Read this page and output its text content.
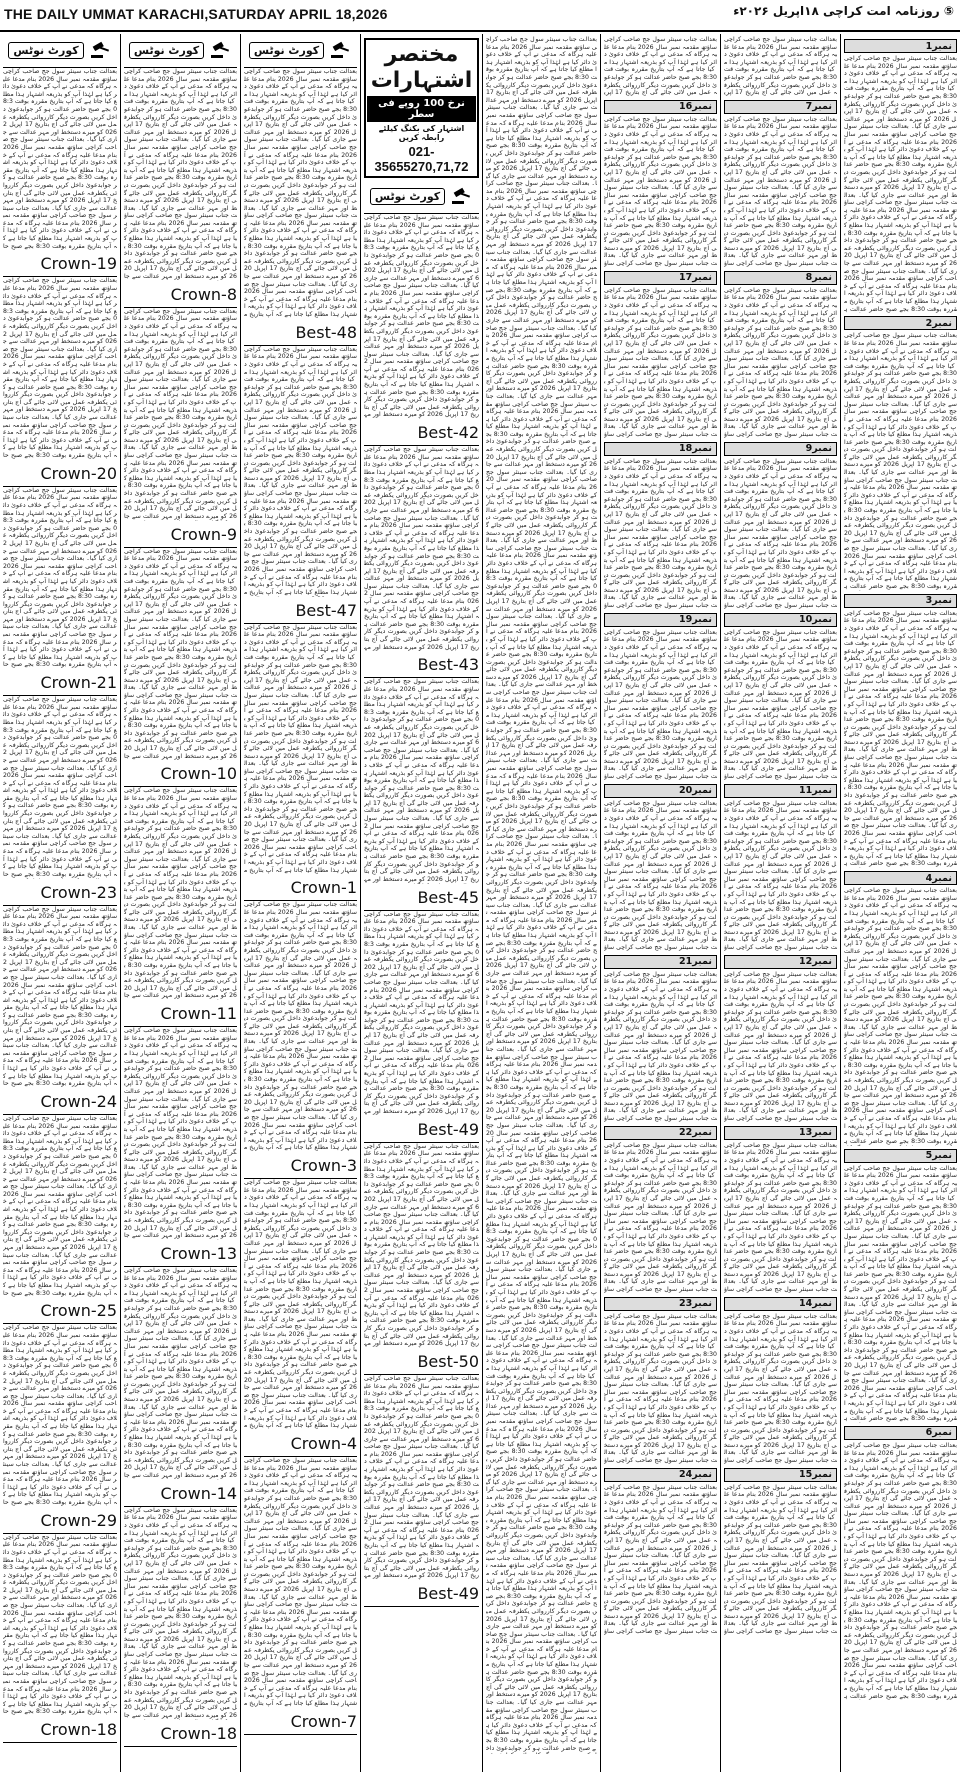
THE DAILY UMMAT KARACHI,SATURDAY APRIL 18,2026	⑤ روزنامہ امت کراچی ۱۸اپریل ۲۰۲۶ء
کورٹ نوٹس
بعدالت جناب سینئر سول جج صاحب کراچی ساؤتھ مقدمہ نمبر سال 2026 بنام مدعا علیہ ہرگاہ کہ مدعی نے آپ کے خلاف دعویٰ دائر کیا ہے لہٰذا آپ کو بذریعہ اشتہار ہذا مطلع کیا جاتا ہے کہ آپ بتاریخ مقررہ بوقت 8:30 بجے صبح حاضر عدالت ہو کر جوابدعویٰ داخل کریں بصورت دیگر کارروائی یکطرفہ عمل میں لائی جائے گی آج بتاریخ 17 اپریل 2026 کو میرے دستخط اور مہر عدالت سے جاری کیا گیا۔ بعدالت جناب سینئر سول جج صاحب کراچی ساؤتھ مقدمہ نمبر سال 2026 بنام مدعا علیہ ہرگاہ کہ مدعی نے آپ کے خلاف دعویٰ دائر کیا ہے لہٰذا آپ کو بذریعہ اشتہار ہذا مطلع کیا جاتا ہے کہ آپ بتاریخ مقررہ بوقت 8:30 بجے صبح حاضر عدالت ہو کر جوابدعویٰ داخل کریں بصورت دیگر کارروائی یکطرفہ عمل میں لائی جائے گی آج بتاریخ 17 اپریل 2026 کو میرے دستخط اور مہر عدالت سے جاری کیا گیا۔ بعدالت جناب سینئر سول جج صاحب کراچی ساؤتھ مقدمہ نمبر سال 2026 بنام مدعا علیہ ہرگاہ کہ مدعی نے آپ کے خلاف دعویٰ دائر کیا ہے لہٰذا آپ کو بذریعہ اشتہار ہذا مطلع کیا جاتا ہے کہ آپ بتاریخ مقررہ بوقت 8:30 بجے صبح حا
Crown-19
بعدالت جناب سینئر سول جج صاحب کراچی ساؤتھ مقدمہ نمبر سال 2026 بنام مدعا علیہ ہرگاہ کہ مدعی نے آپ کے خلاف دعویٰ دائر کیا ہے لہٰذا آپ کو بذریعہ اشتہار ہذا مطلع کیا جاتا ہے کہ آپ بتاریخ مقررہ بوقت 8:30 بجے صبح حاضر عدالت ہو کر جوابدعویٰ داخل کریں بصورت دیگر کارروائی یکطرفہ عمل میں لائی جائے گی آج بتاریخ 17 اپریل 2026 کو میرے دستخط اور مہر عدالت سے جاری کیا گیا۔ بعدالت جناب سینئر سول جج صاحب کراچی ساؤتھ مقدمہ نمبر سال 2026 بنام مدعا علیہ ہرگاہ کہ مدعی نے آپ کے خلاف دعویٰ دائر کیا ہے لہٰذا آپ کو بذریعہ اشتہار ہذا مطلع کیا جاتا ہے کہ آپ بتاریخ مقررہ بوقت 8:30 بجے صبح حاضر عدالت ہو کر جوابدعویٰ داخل کریں بصورت دیگر کارروائی یکطرفہ عمل میں لائی جائے گی آج بتاریخ 17 اپریل 2026 کو میرے دستخط اور مہر عدالت سے جاری کیا گیا۔ بعدالت جناب سینئر سول جج صاحب کراچی ساؤتھ مقدمہ نمبر سال 2026 بنام مدعا علیہ ہرگاہ کہ مدعی نے آپ کے خلاف دعویٰ دائر کیا ہے لہٰذا آپ کو بذریعہ اشتہار ہذا مطلع کیا جاتا ہے کہ آپ بتاریخ مقررہ بوقت 8:30 بجے صبح حا
Crown-20
بعدالت جناب سینئر سول جج صاحب کراچی ساؤتھ مقدمہ نمبر سال 2026 بنام مدعا علیہ ہرگاہ کہ مدعی نے آپ کے خلاف دعویٰ دائر کیا ہے لہٰذا آپ کو بذریعہ اشتہار ہذا مطلع کیا جاتا ہے کہ آپ بتاریخ مقررہ بوقت 8:30 بجے صبح حاضر عدالت ہو کر جوابدعویٰ داخل کریں بصورت دیگر کارروائی یکطرفہ عمل میں لائی جائے گی آج بتاریخ 17 اپریل 2026 کو میرے دستخط اور مہر عدالت سے جاری کیا گیا۔ بعدالت جناب سینئر سول جج صاحب کراچی ساؤتھ مقدمہ نمبر سال 2026 بنام مدعا علیہ ہرگاہ کہ مدعی نے آپ کے خلاف دعویٰ دائر کیا ہے لہٰذا آپ کو بذریعہ اشتہار ہذا مطلع کیا جاتا ہے کہ آپ بتاریخ مقررہ بوقت 8:30 بجے صبح حاضر عدالت ہو کر جوابدعویٰ داخل کریں بصورت دیگر کارروائی یکطرفہ عمل میں لائی جائے گی آج بتاریخ 17 اپریل 2026 کو میرے دستخط اور مہر عدالت سے جاری کیا گیا۔ بعدالت جناب سینئر سول جج صاحب کراچی ساؤتھ مقدمہ نمبر سال 2026 بنام مدعا علیہ ہرگاہ کہ مدعی نے آپ کے خلاف دعویٰ دائر کیا ہے لہٰذا آپ کو بذریعہ اشتہار ہذا مطلع کیا جاتا ہے کہ آپ بتاریخ مقررہ بوقت 8:30 بجے صبح حا
Crown-21
بعدالت جناب سینئر سول جج صاحب کراچی ساؤتھ مقدمہ نمبر سال 2026 بنام مدعا علیہ ہرگاہ کہ مدعی نے آپ کے خلاف دعویٰ دائر کیا ہے لہٰذا آپ کو بذریعہ اشتہار ہذا مطلع کیا جاتا ہے کہ آپ بتاریخ مقررہ بوقت 8:30 بجے صبح حاضر عدالت ہو کر جوابدعویٰ داخل کریں بصورت دیگر کارروائی یکطرفہ عمل میں لائی جائے گی آج بتاریخ 17 اپریل 2026 کو میرے دستخط اور مہر عدالت سے جاری کیا گیا۔ بعدالت جناب سینئر سول جج صاحب کراچی ساؤتھ مقدمہ نمبر سال 2026 بنام مدعا علیہ ہرگاہ کہ مدعی نے آپ کے خلاف دعویٰ دائر کیا ہے لہٰذا آپ کو بذریعہ اشتہار ہذا مطلع کیا جاتا ہے کہ آپ بتاریخ مقررہ بوقت 8:30 بجے صبح حاضر عدالت ہو کر جوابدعویٰ داخل کریں بصورت دیگر کارروائی یکطرفہ عمل میں لائی جائے گی آج بتاریخ 17 اپریل 2026 کو میرے دستخط اور مہر عدالت سے جاری کیا گیا۔ بعدالت جناب سینئر سول جج صاحب کراچی ساؤتھ مقدمہ نمبر سال 2026 بنام مدعا علیہ ہرگاہ کہ مدعی نے آپ کے خلاف دعویٰ دائر کیا ہے لہٰذا آپ کو بذریعہ اشتہار ہذا مطلع کیا جاتا ہے کہ آپ بتاریخ مقررہ بوقت 8:30 بجے صبح حا
Crown-23
بعدالت جناب سینئر سول جج صاحب کراچی ساؤتھ مقدمہ نمبر سال 2026 بنام مدعا علیہ ہرگاہ کہ مدعی نے آپ کے خلاف دعویٰ دائر کیا ہے لہٰذا آپ کو بذریعہ اشتہار ہذا مطلع کیا جاتا ہے کہ آپ بتاریخ مقررہ بوقت 8:30 بجے صبح حاضر عدالت ہو کر جوابدعویٰ داخل کریں بصورت دیگر کارروائی یکطرفہ عمل میں لائی جائے گی آج بتاریخ 17 اپریل 2026 کو میرے دستخط اور مہر عدالت سے جاری کیا گیا۔ بعدالت جناب سینئر سول جج صاحب کراچی ساؤتھ مقدمہ نمبر سال 2026 بنام مدعا علیہ ہرگاہ کہ مدعی نے آپ کے خلاف دعویٰ دائر کیا ہے لہٰذا آپ کو بذریعہ اشتہار ہذا مطلع کیا جاتا ہے کہ آپ بتاریخ مقررہ بوقت 8:30 بجے صبح حاضر عدالت ہو کر جوابدعویٰ داخل کریں بصورت دیگر کارروائی یکطرفہ عمل میں لائی جائے گی آج بتاریخ 17 اپریل 2026 کو میرے دستخط اور مہر عدالت سے جاری کیا گیا۔ بعدالت جناب سینئر سول جج صاحب کراچی ساؤتھ مقدمہ نمبر سال 2026 بنام مدعا علیہ ہرگاہ کہ مدعی نے آپ کے خلاف دعویٰ دائر کیا ہے لہٰذا آپ کو بذریعہ اشتہار ہذا مطلع کیا جاتا ہے کہ آپ بتاریخ مقررہ بوقت 8:30 بجے صبح حا
Crown-24
بعدالت جناب سینئر سول جج صاحب کراچی ساؤتھ مقدمہ نمبر سال 2026 بنام مدعا علیہ ہرگاہ کہ مدعی نے آپ کے خلاف دعویٰ دائر کیا ہے لہٰذا آپ کو بذریعہ اشتہار ہذا مطلع کیا جاتا ہے کہ آپ بتاریخ مقررہ بوقت 8:30 بجے صبح حاضر عدالت ہو کر جوابدعویٰ داخل کریں بصورت دیگر کارروائی یکطرفہ عمل میں لائی جائے گی آج بتاریخ 17 اپریل 2026 کو میرے دستخط اور مہر عدالت سے جاری کیا گیا۔ بعدالت جناب سینئر سول جج صاحب کراچی ساؤتھ مقدمہ نمبر سال 2026 بنام مدعا علیہ ہرگاہ کہ مدعی نے آپ کے خلاف دعویٰ دائر کیا ہے لہٰذا آپ کو بذریعہ اشتہار ہذا مطلع کیا جاتا ہے کہ آپ بتاریخ مقررہ بوقت 8:30 بجے صبح حاضر عدالت ہو کر جوابدعویٰ داخل کریں بصورت دیگر کارروائی یکطرفہ عمل میں لائی جائے گی آج بتاریخ 17 اپریل 2026 کو میرے دستخط اور مہر عدالت سے جاری کیا گیا۔ بعدالت جناب سینئر سول جج صاحب کراچی ساؤتھ مقدمہ نمبر سال 2026 بنام مدعا علیہ ہرگاہ کہ مدعی نے آپ کے خلاف دعویٰ دائر کیا ہے لہٰذا آپ کو بذریعہ اشتہار ہذا مطلع کیا جاتا ہے کہ آپ بتاریخ مقررہ بوقت 8:30 بجے صبح حا
Crown-25
بعدالت جناب سینئر سول جج صاحب کراچی ساؤتھ مقدمہ نمبر سال 2026 بنام مدعا علیہ ہرگاہ کہ مدعی نے آپ کے خلاف دعویٰ دائر کیا ہے لہٰذا آپ کو بذریعہ اشتہار ہذا مطلع کیا جاتا ہے کہ آپ بتاریخ مقررہ بوقت 8:30 بجے صبح حاضر عدالت ہو کر جوابدعویٰ داخل کریں بصورت دیگر کارروائی یکطرفہ عمل میں لائی جائے گی آج بتاریخ 17 اپریل 2026 کو میرے دستخط اور مہر عدالت سے جاری کیا گیا۔ بعدالت جناب سینئر سول جج صاحب کراچی ساؤتھ مقدمہ نمبر سال 2026 بنام مدعا علیہ ہرگاہ کہ مدعی نے آپ کے خلاف دعویٰ دائر کیا ہے لہٰذا آپ کو بذریعہ اشتہار ہذا مطلع کیا جاتا ہے کہ آپ بتاریخ مقررہ بوقت 8:30 بجے صبح حاضر عدالت ہو کر جوابدعویٰ داخل کریں بصورت دیگر کارروائی یکطرفہ عمل میں لائی جائے گی آج بتاریخ 17 اپریل 2026 کو میرے دستخط اور مہر عدالت سے جاری کیا گیا۔ بعدالت جناب سینئر سول جج صاحب کراچی ساؤتھ مقدمہ نمبر سال 2026 بنام مدعا علیہ ہرگاہ کہ مدعی نے آپ کے خلاف دعویٰ دائر کیا ہے لہٰذا آپ کو بذریعہ اشتہار ہذا مطلع کیا جاتا ہے کہ آپ بتاریخ مقررہ بوقت 8:30 بجے صبح حا
Crown-29
بعدالت جناب سینئر سول جج صاحب کراچی ساؤتھ مقدمہ نمبر سال 2026 بنام مدعا علیہ ہرگاہ کہ مدعی نے آپ کے خلاف دعویٰ دائر کیا ہے لہٰذا آپ کو بذریعہ اشتہار ہذا مطلع کیا جاتا ہے کہ آپ بتاریخ مقررہ بوقت 8:30 بجے صبح حاضر عدالت ہو کر جوابدعویٰ داخل کریں بصورت دیگر کارروائی یکطرفہ عمل میں لائی جائے گی آج بتاریخ 17 اپریل 2026 کو میرے دستخط اور مہر عدالت سے جاری کیا گیا۔ بعدالت جناب سینئر سول جج صاحب کراچی ساؤتھ مقدمہ نمبر سال 2026 بنام مدعا علیہ ہرگاہ کہ مدعی نے آپ کے خلاف دعویٰ دائر کیا ہے لہٰذا آپ کو بذریعہ اشتہار ہذا مطلع کیا جاتا ہے کہ آپ بتاریخ مقررہ بوقت 8:30 بجے صبح حاضر عدالت ہو کر جوابدعویٰ داخل کریں بصورت دیگر کارروائی یکطرفہ عمل میں لائی جائے گی آج بتاریخ 17 اپریل 2026 کو میرے دستخط اور مہر عدالت سے جاری کیا گیا۔ بعدالت جناب سینئر سول جج صاحب کراچی ساؤتھ مقدمہ نمبر سال 2026 بنام مدعا علیہ ہرگاہ کہ مدعی نے آپ کے خلاف دعویٰ دائر کیا ہے لہٰذا آپ کو بذریعہ اشتہار ہذا مطلع کیا جاتا ہے کہ آپ بتاریخ مقررہ بوقت 8:30 بجے صبح حا
Crown-18
کورٹ نوٹس
بعدالت جناب سینئر سول جج صاحب کراچی ساؤتھ مقدمہ نمبر سال 2026 بنام مدعا علیہ ہرگاہ کہ مدعی نے آپ کے خلاف دعویٰ دائر کیا ہے لہٰذا آپ کو بذریعہ اشتہار ہذا مطلع کیا جاتا ہے کہ آپ بتاریخ مقررہ بوقت 8:30 بجے صبح حاضر عدالت ہو کر جوابدعویٰ داخل کریں بصورت دیگر کارروائی یکطرفہ عمل میں لائی جائے گی آج بتاریخ 17 اپریل 2026 کو میرے دستخط اور مہر عدالت سے جاری کیا گیا۔ بعدالت جناب سینئر سول جج صاحب کراچی ساؤتھ مقدمہ نمبر سال 2026 بنام مدعا علیہ ہرگاہ کہ مدعی نے آپ کے خلاف دعویٰ دائر کیا ہے لہٰذا آپ کو بذریعہ اشتہار ہذا مطلع کیا جاتا ہے کہ آپ بتاریخ مقررہ بوقت 8:30 بجے صبح حاضر عدالت ہو کر جوابدعویٰ داخل کریں بصورت دیگر کارروائی یکطرفہ عمل میں لائی جائے گی آج بتاریخ 17 اپریل 2026 کو میرے دستخط اور مہر عدالت سے جاری کیا گیا۔ بعدالت جناب سینئر سول جج صاحب کراچی ساؤتھ مقدمہ نمبر سال 2026 بنام مدعا علیہ ہرگاہ کہ مدعی نے آپ کے خلاف دعویٰ دائر کیا ہے لہٰذا آپ کو بذریعہ اشتہار ہذا مطلع کیا جاتا ہے کہ آپ بتاریخ مقررہ بوقت 8:30 بجے صبح حاضر عدالت ہو کر جوابدعویٰ داخل کریں بصورت دیگر کارروائی یکطرفہ عمل میں لائی جائے گی آج بتاریخ 17 اپریل 2026 کو میرے دستخط اور مہر عدالت سے جا
Crown-8
بعدالت جناب سینئر سول جج صاحب کراچی ساؤتھ مقدمہ نمبر سال 2026 بنام مدعا علیہ ہرگاہ کہ مدعی نے آپ کے خلاف دعویٰ دائر کیا ہے لہٰذا آپ کو بذریعہ اشتہار ہذا مطلع کیا جاتا ہے کہ آپ بتاریخ مقررہ بوقت 8:30 بجے صبح حاضر عدالت ہو کر جوابدعویٰ داخل کریں بصورت دیگر کارروائی یکطرفہ عمل میں لائی جائے گی آج بتاریخ 17 اپریل 2026 کو میرے دستخط اور مہر عدالت سے جاری کیا گیا۔ بعدالت جناب سینئر سول جج صاحب کراچی ساؤتھ مقدمہ نمبر سال 2026 بنام مدعا علیہ ہرگاہ کہ مدعی نے آپ کے خلاف دعویٰ دائر کیا ہے لہٰذا آپ کو بذریعہ اشتہار ہذا مطلع کیا جاتا ہے کہ آپ بتاریخ مقررہ بوقت 8:30 بجے صبح حاضر عدالت ہو کر جوابدعویٰ داخل کریں بصورت دیگر کارروائی یکطرفہ عمل میں لائی جائے گی آج بتاریخ 17 اپریل 2026 کو میرے دستخط اور مہر عدالت سے جاری کیا گیا۔ بعدالت جناب سینئر سول جج صاحب کراچی ساؤتھ مقدمہ نمبر سال 2026 بنام مدعا علیہ ہرگاہ کہ مدعی نے آپ کے خلاف دعویٰ دائر کیا ہے لہٰذا آپ کو بذریعہ اشتہار ہذا مطلع کیا جاتا ہے کہ آپ بتاریخ مقررہ بوقت 8:30 بجے صبح حاضر عدالت ہو کر جوابدعویٰ داخل کریں بصورت دیگر کارروائی یکطرفہ عمل میں لائی جائے گی آج بتاریخ 17 اپریل 2026 کو میرے دستخط اور مہر عدالت سے جا
Crown-9
بعدالت جناب سینئر سول جج صاحب کراچی ساؤتھ مقدمہ نمبر سال 2026 بنام مدعا علیہ ہرگاہ کہ مدعی نے آپ کے خلاف دعویٰ دائر کیا ہے لہٰذا آپ کو بذریعہ اشتہار ہذا مطلع کیا جاتا ہے کہ آپ بتاریخ مقررہ بوقت 8:30 بجے صبح حاضر عدالت ہو کر جوابدعویٰ داخل کریں بصورت دیگر کارروائی یکطرفہ عمل میں لائی جائے گی آج بتاریخ 17 اپریل 2026 کو میرے دستخط اور مہر عدالت سے جاری کیا گیا۔ بعدالت جناب سینئر سول جج صاحب کراچی ساؤتھ مقدمہ نمبر سال 2026 بنام مدعا علیہ ہرگاہ کہ مدعی نے آپ کے خلاف دعویٰ دائر کیا ہے لہٰذا آپ کو بذریعہ اشتہار ہذا مطلع کیا جاتا ہے کہ آپ بتاریخ مقررہ بوقت 8:30 بجے صبح حاضر عدالت ہو کر جوابدعویٰ داخل کریں بصورت دیگر کارروائی یکطرفہ عمل میں لائی جائے گی آج بتاریخ 17 اپریل 2026 کو میرے دستخط اور مہر عدالت سے جاری کیا گیا۔ بعدالت جناب سینئر سول جج صاحب کراچی ساؤتھ مقدمہ نمبر سال 2026 بنام مدعا علیہ ہرگاہ کہ مدعی نے آپ کے خلاف دعویٰ دائر کیا ہے لہٰذا آپ کو بذریعہ اشتہار ہذا مطلع کیا جاتا ہے کہ آپ بتاریخ مقررہ بوقت 8:30 بجے صبح حاضر عدالت ہو کر جوابدعویٰ داخل کریں بصورت دیگر کارروائی یکطرفہ عمل میں لائی جائے گی آج بتاریخ 17 اپریل 2026 کو میرے دستخط اور مہر عدالت سے جا
Crown-10
بعدالت جناب سینئر سول جج صاحب کراچی ساؤتھ مقدمہ نمبر سال 2026 بنام مدعا علیہ ہرگاہ کہ مدعی نے آپ کے خلاف دعویٰ دائر کیا ہے لہٰذا آپ کو بذریعہ اشتہار ہذا مطلع کیا جاتا ہے کہ آپ بتاریخ مقررہ بوقت 8:30 بجے صبح حاضر عدالت ہو کر جوابدعویٰ داخل کریں بصورت دیگر کارروائی یکطرفہ عمل میں لائی جائے گی آج بتاریخ 17 اپریل 2026 کو میرے دستخط اور مہر عدالت سے جاری کیا گیا۔ بعدالت جناب سینئر سول جج صاحب کراچی ساؤتھ مقدمہ نمبر سال 2026 بنام مدعا علیہ ہرگاہ کہ مدعی نے آپ کے خلاف دعویٰ دائر کیا ہے لہٰذا آپ کو بذریعہ اشتہار ہذا مطلع کیا جاتا ہے کہ آپ بتاریخ مقررہ بوقت 8:30 بجے صبح حاضر عدالت ہو کر جوابدعویٰ داخل کریں بصورت دیگر کارروائی یکطرفہ عمل میں لائی جائے گی آج بتاریخ 17 اپریل 2026 کو میرے دستخط اور مہر عدالت سے جاری کیا گیا۔ بعدالت جناب سینئر سول جج صاحب کراچی ساؤتھ مقدمہ نمبر سال 2026 بنام مدعا علیہ ہرگاہ کہ مدعی نے آپ کے خلاف دعویٰ دائر کیا ہے لہٰذا آپ کو بذریعہ اشتہار ہذا مطلع کیا جاتا ہے کہ آپ بتاریخ مقررہ بوقت 8:30 بجے صبح حاضر عدالت ہو کر جوابدعویٰ داخل کریں بصورت دیگر کارروائی یکطرفہ عمل میں لائی جائے گی آج بتاریخ 17 اپریل 2026 کو میرے دستخط اور مہر عدالت سے جا
Crown-11
بعدالت جناب سینئر سول جج صاحب کراچی ساؤتھ مقدمہ نمبر سال 2026 بنام مدعا علیہ ہرگاہ کہ مدعی نے آپ کے خلاف دعویٰ دائر کیا ہے لہٰذا آپ کو بذریعہ اشتہار ہذا مطلع کیا جاتا ہے کہ آپ بتاریخ مقررہ بوقت 8:30 بجے صبح حاضر عدالت ہو کر جوابدعویٰ داخل کریں بصورت دیگر کارروائی یکطرفہ عمل میں لائی جائے گی آج بتاریخ 17 اپریل 2026 کو میرے دستخط اور مہر عدالت سے جاری کیا گیا۔ بعدالت جناب سینئر سول جج صاحب کراچی ساؤتھ مقدمہ نمبر سال 2026 بنام مدعا علیہ ہرگاہ کہ مدعی نے آپ کے خلاف دعویٰ دائر کیا ہے لہٰذا آپ کو بذریعہ اشتہار ہذا مطلع کیا جاتا ہے کہ آپ بتاریخ مقررہ بوقت 8:30 بجے صبح حاضر عدالت ہو کر جوابدعویٰ داخل کریں بصورت دیگر کارروائی یکطرفہ عمل میں لائی جائے گی آج بتاریخ 17 اپریل 2026 کو میرے دستخط اور مہر عدالت سے جاری کیا گیا۔ بعدالت جناب سینئر سول جج صاحب کراچی ساؤتھ مقدمہ نمبر سال 2026 بنام مدعا علیہ ہرگاہ کہ مدعی نے آپ کے خلاف دعویٰ دائر کیا ہے لہٰذا آپ کو بذریعہ اشتہار ہذا مطلع کیا جاتا ہے کہ آپ بتاریخ مقررہ بوقت 8:30 بجے صبح حاضر عدالت ہو کر جوابدعویٰ داخل کریں بصورت دیگر کارروائی یکطرفہ عمل میں لائی جائے گی آج بتاریخ 17 اپریل 2026 کو میرے دستخط اور مہر عدالت سے جا
Crown-13
بعدالت جناب سینئر سول جج صاحب کراچی ساؤتھ مقدمہ نمبر سال 2026 بنام مدعا علیہ ہرگاہ کہ مدعی نے آپ کے خلاف دعویٰ دائر کیا ہے لہٰذا آپ کو بذریعہ اشتہار ہذا مطلع کیا جاتا ہے کہ آپ بتاریخ مقررہ بوقت 8:30 بجے صبح حاضر عدالت ہو کر جوابدعویٰ داخل کریں بصورت دیگر کارروائی یکطرفہ عمل میں لائی جائے گی آج بتاریخ 17 اپریل 2026 کو میرے دستخط اور مہر عدالت سے جاری کیا گیا۔ بعدالت جناب سینئر سول جج صاحب کراچی ساؤتھ مقدمہ نمبر سال 2026 بنام مدعا علیہ ہرگاہ کہ مدعی نے آپ کے خلاف دعویٰ دائر کیا ہے لہٰذا آپ کو بذریعہ اشتہار ہذا مطلع کیا جاتا ہے کہ آپ بتاریخ مقررہ بوقت 8:30 بجے صبح حاضر عدالت ہو کر جوابدعویٰ داخل کریں بصورت دیگر کارروائی یکطرفہ عمل میں لائی جائے گی آج بتاریخ 17 اپریل 2026 کو میرے دستخط اور مہر عدالت سے جاری کیا گیا۔ بعدالت جناب سینئر سول جج صاحب کراچی ساؤتھ مقدمہ نمبر سال 2026 بنام مدعا علیہ ہرگاہ کہ مدعی نے آپ کے خلاف دعویٰ دائر کیا ہے لہٰذا آپ کو بذریعہ اشتہار ہذا مطلع کیا جاتا ہے کہ آپ بتاریخ مقررہ بوقت 8:30 بجے صبح حاضر عدالت ہو کر جوابدعویٰ داخل کریں بصورت دیگر کارروائی یکطرفہ عمل میں لائی جائے گی آج بتاریخ 17 اپریل 2026 کو میرے دستخط اور مہر عدالت سے جا
Crown-14
بعدالت جناب سینئر سول جج صاحب کراچی ساؤتھ مقدمہ نمبر سال 2026 بنام مدعا علیہ ہرگاہ کہ مدعی نے آپ کے خلاف دعویٰ دائر کیا ہے لہٰذا آپ کو بذریعہ اشتہار ہذا مطلع کیا جاتا ہے کہ آپ بتاریخ مقررہ بوقت 8:30 بجے صبح حاضر عدالت ہو کر جوابدعویٰ داخل کریں بصورت دیگر کارروائی یکطرفہ عمل میں لائی جائے گی آج بتاریخ 17 اپریل 2026 کو میرے دستخط اور مہر عدالت سے جاری کیا گیا۔ بعدالت جناب سینئر سول جج صاحب کراچی ساؤتھ مقدمہ نمبر سال 2026 بنام مدعا علیہ ہرگاہ کہ مدعی نے آپ کے خلاف دعویٰ دائر کیا ہے لہٰذا آپ کو بذریعہ اشتہار ہذا مطلع کیا جاتا ہے کہ آپ بتاریخ مقررہ بوقت 8:30 بجے صبح حاضر عدالت ہو کر جوابدعویٰ داخل کریں بصورت دیگر کارروائی یکطرفہ عمل میں لائی جائے گی آج بتاریخ 17 اپریل 2026 کو میرے دستخط اور مہر عدالت سے جاری کیا گیا۔ بعدالت جناب سینئر سول جج صاحب کراچی ساؤتھ مقدمہ نمبر سال 2026 بنام مدعا علیہ ہرگاہ کہ مدعی نے آپ کے خلاف دعویٰ دائر کیا ہے لہٰذا آپ کو بذریعہ اشتہار ہذا مطلع کیا جاتا ہے کہ آپ بتاریخ مقررہ بوقت 8:30 بجے صبح حاضر عدالت ہو کر جوابدعویٰ داخل کریں بصورت دیگر کارروائی یکطرفہ عمل میں لائی جائے گی آج بتاریخ 17 اپریل 2026 کو میرے دستخط اور مہر عدالت سے جا
Crown-18
کورٹ نوٹس
بعدالت جناب سینئر سول جج صاحب کراچی ساؤتھ مقدمہ نمبر سال 2026 بنام مدعا علیہ ہرگاہ کہ مدعی نے آپ کے خلاف دعویٰ دائر کیا ہے لہٰذا آپ کو بذریعہ اشتہار ہذا مطلع کیا جاتا ہے کہ آپ بتاریخ مقررہ بوقت 8:30 بجے صبح حاضر عدالت ہو کر جوابدعویٰ داخل کریں بصورت دیگر کارروائی یکطرفہ عمل میں لائی جائے گی آج بتاریخ 17 اپریل 2026 کو میرے دستخط اور مہر عدالت سے جاری کیا گیا۔ بعدالت جناب سینئر سول جج صاحب کراچی ساؤتھ مقدمہ نمبر سال 2026 بنام مدعا علیہ ہرگاہ کہ مدعی نے آپ کے خلاف دعویٰ دائر کیا ہے لہٰذا آپ کو بذریعہ اشتہار ہذا مطلع کیا جاتا ہے کہ آپ بتاریخ مقررہ بوقت 8:30 بجے صبح حاضر عدالت ہو کر جوابدعویٰ داخل کریں بصورت دیگر کارروائی یکطرفہ عمل میں لائی جائے گی آج بتاریخ 17 اپریل 2026 کو میرے دستخط اور مہر عدالت سے جاری کیا گیا۔ بعدالت جناب سینئر سول جج صاحب کراچی ساؤتھ مقدمہ نمبر سال 2026 بنام مدعا علیہ ہرگاہ کہ مدعی نے آپ کے خلاف دعویٰ دائر کیا ہے لہٰذا آپ کو بذریعہ اشتہار ہذا مطلع کیا جاتا ہے کہ آپ بتاریخ مقررہ بوقت 8:30 بجے صبح حاضر عدالت ہو کر جوابدعویٰ داخل کریں بصورت دیگر کارروائی یکطرفہ عمل میں لائی جائے گی آج بتاریخ 17 اپریل 2026 کو میرے دستخط اور مہر عدالت سے جاری کیا گیا۔ بعدالت جناب سینئر سول جج صاحب کراچی ساؤتھ مقدمہ نمبر سال 2026 بنام مدعا علیہ ہرگاہ کہ مدعی نے آپ کے خلاف دعویٰ دائر کیا ہے لہٰذا آپ کو بذریعہ اشتہار ہذا مطلع کیا جاتا ہے کہ آپ بتاریخ م
Best-48
بعدالت جناب سینئر سول جج صاحب کراچی ساؤتھ مقدمہ نمبر سال 2026 بنام مدعا علیہ ہرگاہ کہ مدعی نے آپ کے خلاف دعویٰ دائر کیا ہے لہٰذا آپ کو بذریعہ اشتہار ہذا مطلع کیا جاتا ہے کہ آپ بتاریخ مقررہ بوقت 8:30 بجے صبح حاضر عدالت ہو کر جوابدعویٰ داخل کریں بصورت دیگر کارروائی یکطرفہ عمل میں لائی جائے گی آج بتاریخ 17 اپریل 2026 کو میرے دستخط اور مہر عدالت سے جاری کیا گیا۔ بعدالت جناب سینئر سول جج صاحب کراچی ساؤتھ مقدمہ نمبر سال 2026 بنام مدعا علیہ ہرگاہ کہ مدعی نے آپ کے خلاف دعویٰ دائر کیا ہے لہٰذا آپ کو بذریعہ اشتہار ہذا مطلع کیا جاتا ہے کہ آپ بتاریخ مقررہ بوقت 8:30 بجے صبح حاضر عدالت ہو کر جوابدعویٰ داخل کریں بصورت دیگر کارروائی یکطرفہ عمل میں لائی جائے گی آج بتاریخ 17 اپریل 2026 کو میرے دستخط اور مہر عدالت سے جاری کیا گیا۔ بعدالت جناب سینئر سول جج صاحب کراچی ساؤتھ مقدمہ نمبر سال 2026 بنام مدعا علیہ ہرگاہ کہ مدعی نے آپ کے خلاف دعویٰ دائر کیا ہے لہٰذا آپ کو بذریعہ اشتہار ہذا مطلع کیا جاتا ہے کہ آپ بتاریخ مقررہ بوقت 8:30 بجے صبح حاضر عدالت ہو کر جوابدعویٰ داخل کریں بصورت دیگر کارروائی یکطرفہ عمل میں لائی جائے گی آج بتاریخ 17 اپریل 2026 کو میرے دستخط اور مہر عدالت سے جاری کیا گیا۔ بعدالت جناب سینئر سول جج صاحب کراچی ساؤتھ مقدمہ نمبر سال 2026 بنام مدعا علیہ ہرگاہ کہ مدعی نے آپ کے خلاف دعویٰ دائر کیا ہے لہٰذا آپ کو بذریعہ اشتہار ہذا مطلع کیا جاتا ہے کہ آپ بتاریخ م
Best-47
بعدالت جناب سینئر سول جج صاحب کراچی ساؤتھ مقدمہ نمبر سال 2026 بنام مدعا علیہ ہرگاہ کہ مدعی نے آپ کے خلاف دعویٰ دائر کیا ہے لہٰذا آپ کو بذریعہ اشتہار ہذا مطلع کیا جاتا ہے کہ آپ بتاریخ مقررہ بوقت 8:30 بجے صبح حاضر عدالت ہو کر جوابدعویٰ داخل کریں بصورت دیگر کارروائی یکطرفہ عمل میں لائی جائے گی آج بتاریخ 17 اپریل 2026 کو میرے دستخط اور مہر عدالت سے جاری کیا گیا۔ بعدالت جناب سینئر سول جج صاحب کراچی ساؤتھ مقدمہ نمبر سال 2026 بنام مدعا علیہ ہرگاہ کہ مدعی نے آپ کے خلاف دعویٰ دائر کیا ہے لہٰذا آپ کو بذریعہ اشتہار ہذا مطلع کیا جاتا ہے کہ آپ بتاریخ مقررہ بوقت 8:30 بجے صبح حاضر عدالت ہو کر جوابدعویٰ داخل کریں بصورت دیگر کارروائی یکطرفہ عمل میں لائی جائے گی آج بتاریخ 17 اپریل 2026 کو میرے دستخط اور مہر عدالت سے جاری کیا گیا۔ بعدالت جناب سینئر سول جج صاحب کراچی ساؤتھ مقدمہ نمبر سال 2026 بنام مدعا علیہ ہرگاہ کہ مدعی نے آپ کے خلاف دعویٰ دائر کیا ہے لہٰذا آپ کو بذریعہ اشتہار ہذا مطلع کیا جاتا ہے کہ آپ بتاریخ مقررہ بوقت 8:30 بجے صبح حاضر عدالت ہو کر جوابدعویٰ داخل کریں بصورت دیگر کارروائی یکطرفہ عمل میں لائی جائے گی آج بتاریخ 17 اپریل 2026 کو میرے دستخط اور مہر عدالت سے جاری کیا گیا۔ بعدالت جناب سینئر سول جج صاحب کراچی ساؤتھ مقدمہ نمبر سال 2026 بنام مدعا علیہ ہرگاہ کہ مدعی نے آپ کے خلاف دعویٰ دائر کیا ہے لہٰذا آپ کو بذریعہ اشتہار ہذا مطلع کیا جاتا ہے کہ آپ بتاریخ م
Crown-1
بعدالت جناب سینئر سول جج صاحب کراچی ساؤتھ مقدمہ نمبر سال 2026 بنام مدعا علیہ ہرگاہ کہ مدعی نے آپ کے خلاف دعویٰ دائر کیا ہے لہٰذا آپ کو بذریعہ اشتہار ہذا مطلع کیا جاتا ہے کہ آپ بتاریخ مقررہ بوقت 8:30 بجے صبح حاضر عدالت ہو کر جوابدعویٰ داخل کریں بصورت دیگر کارروائی یکطرفہ عمل میں لائی جائے گی آج بتاریخ 17 اپریل 2026 کو میرے دستخط اور مہر عدالت سے جاری کیا گیا۔ بعدالت جناب سینئر سول جج صاحب کراچی ساؤتھ مقدمہ نمبر سال 2026 بنام مدعا علیہ ہرگاہ کہ مدعی نے آپ کے خلاف دعویٰ دائر کیا ہے لہٰذا آپ کو بذریعہ اشتہار ہذا مطلع کیا جاتا ہے کہ آپ بتاریخ مقررہ بوقت 8:30 بجے صبح حاضر عدالت ہو کر جوابدعویٰ داخل کریں بصورت دیگر کارروائی یکطرفہ عمل میں لائی جائے گی آج بتاریخ 17 اپریل 2026 کو میرے دستخط اور مہر عدالت سے جاری کیا گیا۔ بعدالت جناب سینئر سول جج صاحب کراچی ساؤتھ مقدمہ نمبر سال 2026 بنام مدعا علیہ ہرگاہ کہ مدعی نے آپ کے خلاف دعویٰ دائر کیا ہے لہٰذا آپ کو بذریعہ اشتہار ہذا مطلع کیا جاتا ہے کہ آپ بتاریخ مقررہ بوقت 8:30 بجے صبح حاضر عدالت ہو کر جوابدعویٰ داخل کریں بصورت دیگر کارروائی یکطرفہ عمل میں لائی جائے گی آج بتاریخ 17 اپریل 2026 کو میرے دستخط اور مہر عدالت سے جاری کیا گیا۔ بعدالت جناب سینئر سول جج صاحب کراچی ساؤتھ مقدمہ نمبر سال 2026 بنام مدعا علیہ ہرگاہ کہ مدعی نے آپ کے خلاف دعویٰ دائر کیا ہے لہٰذا آپ کو بذریعہ اشتہار ہذا مطلع کیا جاتا ہے کہ آپ بتاریخ م
Crown-3
بعدالت جناب سینئر سول جج صاحب کراچی ساؤتھ مقدمہ نمبر سال 2026 بنام مدعا علیہ ہرگاہ کہ مدعی نے آپ کے خلاف دعویٰ دائر کیا ہے لہٰذا آپ کو بذریعہ اشتہار ہذا مطلع کیا جاتا ہے کہ آپ بتاریخ مقررہ بوقت 8:30 بجے صبح حاضر عدالت ہو کر جوابدعویٰ داخل کریں بصورت دیگر کارروائی یکطرفہ عمل میں لائی جائے گی آج بتاریخ 17 اپریل 2026 کو میرے دستخط اور مہر عدالت سے جاری کیا گیا۔ بعدالت جناب سینئر سول جج صاحب کراچی ساؤتھ مقدمہ نمبر سال 2026 بنام مدعا علیہ ہرگاہ کہ مدعی نے آپ کے خلاف دعویٰ دائر کیا ہے لہٰذا آپ کو بذریعہ اشتہار ہذا مطلع کیا جاتا ہے کہ آپ بتاریخ مقررہ بوقت 8:30 بجے صبح حاضر عدالت ہو کر جوابدعویٰ داخل کریں بصورت دیگر کارروائی یکطرفہ عمل میں لائی جائے گی آج بتاریخ 17 اپریل 2026 کو میرے دستخط اور مہر عدالت سے جاری کیا گیا۔ بعدالت جناب سینئر سول جج صاحب کراچی ساؤتھ مقدمہ نمبر سال 2026 بنام مدعا علیہ ہرگاہ کہ مدعی نے آپ کے خلاف دعویٰ دائر کیا ہے لہٰذا آپ کو بذریعہ اشتہار ہذا مطلع کیا جاتا ہے کہ آپ بتاریخ مقررہ بوقت 8:30 بجے صبح حاضر عدالت ہو کر جوابدعویٰ داخل کریں بصورت دیگر کارروائی یکطرفہ عمل میں لائی جائے گی آج بتاریخ 17 اپریل 2026 کو میرے دستخط اور مہر عدالت سے جاری کیا گیا۔ بعدالت جناب سینئر سول جج صاحب کراچی ساؤتھ مقدمہ نمبر سال 2026 بنام مدعا علیہ ہرگاہ کہ مدعی نے آپ کے خلاف دعویٰ دائر کیا ہے لہٰذا آپ کو بذریعہ اشتہار ہذا مطلع کیا جاتا ہے کہ آپ بتاریخ م
Crown-4
بعدالت جناب سینئر سول جج صاحب کراچی ساؤتھ مقدمہ نمبر سال 2026 بنام مدعا علیہ ہرگاہ کہ مدعی نے آپ کے خلاف دعویٰ دائر کیا ہے لہٰذا آپ کو بذریعہ اشتہار ہذا مطلع کیا جاتا ہے کہ آپ بتاریخ مقررہ بوقت 8:30 بجے صبح حاضر عدالت ہو کر جوابدعویٰ داخل کریں بصورت دیگر کارروائی یکطرفہ عمل میں لائی جائے گی آج بتاریخ 17 اپریل 2026 کو میرے دستخط اور مہر عدالت سے جاری کیا گیا۔ بعدالت جناب سینئر سول جج صاحب کراچی ساؤتھ مقدمہ نمبر سال 2026 بنام مدعا علیہ ہرگاہ کہ مدعی نے آپ کے خلاف دعویٰ دائر کیا ہے لہٰذا آپ کو بذریعہ اشتہار ہذا مطلع کیا جاتا ہے کہ آپ بتاریخ مقررہ بوقت 8:30 بجے صبح حاضر عدالت ہو کر جوابدعویٰ داخل کریں بصورت دیگر کارروائی یکطرفہ عمل میں لائی جائے گی آج بتاریخ 17 اپریل 2026 کو میرے دستخط اور مہر عدالت سے جاری کیا گیا۔ بعدالت جناب سینئر سول جج صاحب کراچی ساؤتھ مقدمہ نمبر سال 2026 بنام مدعا علیہ ہرگاہ کہ مدعی نے آپ کے خلاف دعویٰ دائر کیا ہے لہٰذا آپ کو بذریعہ اشتہار ہذا مطلع کیا جاتا ہے کہ آپ بتاریخ مقررہ بوقت 8:30 بجے صبح حاضر عدالت ہو کر جوابدعویٰ داخل کریں بصورت دیگر کارروائی یکطرفہ عمل میں لائی جائے گی آج بتاریخ 17 اپریل 2026 کو میرے دستخط اور مہر عدالت سے جاری کیا گیا۔ بعدالت جناب سینئر سول جج صاحب کراچی ساؤتھ مقدمہ نمبر سال 2026 بنام مدعا علیہ ہرگاہ کہ مدعی نے آپ کے خلاف دعویٰ دائر کیا ہے لہٰذا آپ کو بذریعہ اشتہار ہذا مطلع کیا جاتا ہے کہ آپ بتاریخ م
Crown-7
مختصر اشتہارات
نرخ 100 روپے فی سطر
اشتہار کی بکنگ کیلئے رابطہ کریں
021-35655270,71,72
کورٹ نوٹس
بعدالت جناب سینئر سول جج صاحب کراچی ساؤتھ مقدمہ نمبر سال 2026 بنام مدعا علیہ ہرگاہ کہ مدعی نے آپ کے خلاف دعویٰ دائر کیا ہے لہٰذا آپ کو بذریعہ اشتہار ہذا مطلع کیا جاتا ہے کہ آپ بتاریخ مقررہ بوقت 8:30 بجے صبح حاضر عدالت ہو کر جوابدعویٰ داخل کریں بصورت دیگر کارروائی یکطرفہ عمل میں لائی جائے گی آج بتاریخ 17 اپریل 2026 کو میرے دستخط اور مہر عدالت سے جاری کیا گیا۔ بعدالت جناب سینئر سول جج صاحب کراچی ساؤتھ مقدمہ نمبر سال 2026 بنام مدعا علیہ ہرگاہ کہ مدعی نے آپ کے خلاف دعویٰ دائر کیا ہے لہٰذا آپ کو بذریعہ اشتہار ہذا مطلع کیا جاتا ہے کہ آپ بتاریخ مقررہ بوقت 8:30 بجے صبح حاضر عدالت ہو کر جوابدعویٰ داخل کریں بصورت دیگر کارروائی یکطرفہ عمل میں لائی جائے گی آج بتاریخ 17 اپریل 2026 کو میرے دستخط اور مہر عدالت سے جاری کیا گیا۔ بعدالت جناب سینئر سول جج صاحب کراچی ساؤتھ مقدمہ نمبر سال 2026 بنام مدعا علیہ ہرگاہ کہ مدعی نے آپ کے خلاف دعویٰ دائر کیا ہے لہٰذا آپ کو بذریعہ اشتہار ہذا مطلع کیا جاتا ہے کہ آپ بتاریخ مقررہ بوقت 8:30 بجے صبح حاضر عدالت ہو کر جوابدعویٰ داخل کریں بصورت دیگر کارروائی یکطرفہ عمل میں لائی جائے گی آج بتاریخ 17 اپریل 2026 کو میرے دستخط اور مہ
Best-42
بعدالت جناب سینئر سول جج صاحب کراچی ساؤتھ مقدمہ نمبر سال 2026 بنام مدعا علیہ ہرگاہ کہ مدعی نے آپ کے خلاف دعویٰ دائر کیا ہے لہٰذا آپ کو بذریعہ اشتہار ہذا مطلع کیا جاتا ہے کہ آپ بتاریخ مقررہ بوقت 8:30 بجے صبح حاضر عدالت ہو کر جوابدعویٰ داخل کریں بصورت دیگر کارروائی یکطرفہ عمل میں لائی جائے گی آج بتاریخ 17 اپریل 2026 کو میرے دستخط اور مہر عدالت سے جاری کیا گیا۔ بعدالت جناب سینئر سول جج صاحب کراچی ساؤتھ مقدمہ نمبر سال 2026 بنام مدعا علیہ ہرگاہ کہ مدعی نے آپ کے خلاف دعویٰ دائر کیا ہے لہٰذا آپ کو بذریعہ اشتہار ہذا مطلع کیا جاتا ہے کہ آپ بتاریخ مقررہ بوقت 8:30 بجے صبح حاضر عدالت ہو کر جوابدعویٰ داخل کریں بصورت دیگر کارروائی یکطرفہ عمل میں لائی جائے گی آج بتاریخ 17 اپریل 2026 کو میرے دستخط اور مہر عدالت سے جاری کیا گیا۔ بعدالت جناب سینئر سول جج صاحب کراچی ساؤتھ مقدمہ نمبر سال 2026 بنام مدعا علیہ ہرگاہ کہ مدعی نے آپ کے خلاف دعویٰ دائر کیا ہے لہٰذا آپ کو بذریعہ اشتہار ہذا مطلع کیا جاتا ہے کہ آپ بتاریخ مقررہ بوقت 8:30 بجے صبح حاضر عدالت ہو کر جوابدعویٰ داخل کریں بصورت دیگر کارروائی یکطرفہ عمل میں لائی جائے گی آج بتاریخ 17 اپریل 2026 کو میرے دستخط اور مہ
Best-43
بعدالت جناب سینئر سول جج صاحب کراچی ساؤتھ مقدمہ نمبر سال 2026 بنام مدعا علیہ ہرگاہ کہ مدعی نے آپ کے خلاف دعویٰ دائر کیا ہے لہٰذا آپ کو بذریعہ اشتہار ہذا مطلع کیا جاتا ہے کہ آپ بتاریخ مقررہ بوقت 8:30 بجے صبح حاضر عدالت ہو کر جوابدعویٰ داخل کریں بصورت دیگر کارروائی یکطرفہ عمل میں لائی جائے گی آج بتاریخ 17 اپریل 2026 کو میرے دستخط اور مہر عدالت سے جاری کیا گیا۔ بعدالت جناب سینئر سول جج صاحب کراچی ساؤتھ مقدمہ نمبر سال 2026 بنام مدعا علیہ ہرگاہ کہ مدعی نے آپ کے خلاف دعویٰ دائر کیا ہے لہٰذا آپ کو بذریعہ اشتہار ہذا مطلع کیا جاتا ہے کہ آپ بتاریخ مقررہ بوقت 8:30 بجے صبح حاضر عدالت ہو کر جوابدعویٰ داخل کریں بصورت دیگر کارروائی یکطرفہ عمل میں لائی جائے گی آج بتاریخ 17 اپریل 2026 کو میرے دستخط اور مہر عدالت سے جاری کیا گیا۔ بعدالت جناب سینئر سول جج صاحب کراچی ساؤتھ مقدمہ نمبر سال 2026 بنام مدعا علیہ ہرگاہ کہ مدعی نے آپ کے خلاف دعویٰ دائر کیا ہے لہٰذا آپ کو بذریعہ اشتہار ہذا مطلع کیا جاتا ہے کہ آپ بتاریخ مقررہ بوقت 8:30 بجے صبح حاضر عدالت ہو کر جوابدعویٰ داخل کریں بصورت دیگر کارروائی یکطرفہ عمل میں لائی جائے گی آج بتاریخ 17 اپریل 2026 کو میرے دستخط اور مہ
Best-45
بعدالت جناب سینئر سول جج صاحب کراچی ساؤتھ مقدمہ نمبر سال 2026 بنام مدعا علیہ ہرگاہ کہ مدعی نے آپ کے خلاف دعویٰ دائر کیا ہے لہٰذا آپ کو بذریعہ اشتہار ہذا مطلع کیا جاتا ہے کہ آپ بتاریخ مقررہ بوقت 8:30 بجے صبح حاضر عدالت ہو کر جوابدعویٰ داخل کریں بصورت دیگر کارروائی یکطرفہ عمل میں لائی جائے گی آج بتاریخ 17 اپریل 2026 کو میرے دستخط اور مہر عدالت سے جاری کیا گیا۔ بعدالت جناب سینئر سول جج صاحب کراچی ساؤتھ مقدمہ نمبر سال 2026 بنام مدعا علیہ ہرگاہ کہ مدعی نے آپ کے خلاف دعویٰ دائر کیا ہے لہٰذا آپ کو بذریعہ اشتہار ہذا مطلع کیا جاتا ہے کہ آپ بتاریخ مقررہ بوقت 8:30 بجے صبح حاضر عدالت ہو کر جوابدعویٰ داخل کریں بصورت دیگر کارروائی یکطرفہ عمل میں لائی جائے گی آج بتاریخ 17 اپریل 2026 کو میرے دستخط اور مہر عدالت سے جاری کیا گیا۔ بعدالت جناب سینئر سول جج صاحب کراچی ساؤتھ مقدمہ نمبر سال 2026 بنام مدعا علیہ ہرگاہ کہ مدعی نے آپ کے خلاف دعویٰ دائر کیا ہے لہٰذا آپ کو بذریعہ اشتہار ہذا مطلع کیا جاتا ہے کہ آپ بتاریخ مقررہ بوقت 8:30 بجے صبح حاضر عدالت ہو کر جوابدعویٰ داخل کریں بصورت دیگر کارروائی یکطرفہ عمل میں لائی جائے گی آج بتاریخ 17 اپریل 2026 کو میرے دستخط اور مہ
Best-49
بعدالت جناب سینئر سول جج صاحب کراچی ساؤتھ مقدمہ نمبر سال 2026 بنام مدعا علیہ ہرگاہ کہ مدعی نے آپ کے خلاف دعویٰ دائر کیا ہے لہٰذا آپ کو بذریعہ اشتہار ہذا مطلع کیا جاتا ہے کہ آپ بتاریخ مقررہ بوقت 8:30 بجے صبح حاضر عدالت ہو کر جوابدعویٰ داخل کریں بصورت دیگر کارروائی یکطرفہ عمل میں لائی جائے گی آج بتاریخ 17 اپریل 2026 کو میرے دستخط اور مہر عدالت سے جاری کیا گیا۔ بعدالت جناب سینئر سول جج صاحب کراچی ساؤتھ مقدمہ نمبر سال 2026 بنام مدعا علیہ ہرگاہ کہ مدعی نے آپ کے خلاف دعویٰ دائر کیا ہے لہٰذا آپ کو بذریعہ اشتہار ہذا مطلع کیا جاتا ہے کہ آپ بتاریخ مقررہ بوقت 8:30 بجے صبح حاضر عدالت ہو کر جوابدعویٰ داخل کریں بصورت دیگر کارروائی یکطرفہ عمل میں لائی جائے گی آج بتاریخ 17 اپریل 2026 کو میرے دستخط اور مہر عدالت سے جاری کیا گیا۔ بعدالت جناب سینئر سول جج صاحب کراچی ساؤتھ مقدمہ نمبر سال 2026 بنام مدعا علیہ ہرگاہ کہ مدعی نے آپ کے خلاف دعویٰ دائر کیا ہے لہٰذا آپ کو بذریعہ اشتہار ہذا مطلع کیا جاتا ہے کہ آپ بتاریخ مقررہ بوقت 8:30 بجے صبح حاضر عدالت ہو کر جوابدعویٰ داخل کریں بصورت دیگر کارروائی یکطرفہ عمل میں لائی جائے گی آج بتاریخ 17 اپریل 2026 کو میرے دستخط اور مہ
Best-50
بعدالت جناب سینئر سول جج صاحب کراچی ساؤتھ مقدمہ نمبر سال 2026 بنام مدعا علیہ ہرگاہ کہ مدعی نے آپ کے خلاف دعویٰ دائر کیا ہے لہٰذا آپ کو بذریعہ اشتہار ہذا مطلع کیا جاتا ہے کہ آپ بتاریخ مقررہ بوقت 8:30 بجے صبح حاضر عدالت ہو کر جوابدعویٰ داخل کریں بصورت دیگر کارروائی یکطرفہ عمل میں لائی جائے گی آج بتاریخ 17 اپریل 2026 کو میرے دستخط اور مہر عدالت سے جاری کیا گیا۔ بعدالت جناب سینئر سول جج صاحب کراچی ساؤتھ مقدمہ نمبر سال 2026 بنام مدعا علیہ ہرگاہ کہ مدعی نے آپ کے خلاف دعویٰ دائر کیا ہے لہٰذا آپ کو بذریعہ اشتہار ہذا مطلع کیا جاتا ہے کہ آپ بتاریخ مقررہ بوقت 8:30 بجے صبح حاضر عدالت ہو کر جوابدعویٰ داخل کریں بصورت دیگر کارروائی یکطرفہ عمل میں لائی جائے گی آج بتاریخ 17 اپریل 2026 کو میرے دستخط اور مہر عدالت سے جاری کیا گیا۔ بعدالت جناب سینئر سول جج صاحب کراچی ساؤتھ مقدمہ نمبر سال 2026 بنام مدعا علیہ ہرگاہ کہ مدعی نے آپ کے خلاف دعویٰ دائر کیا ہے لہٰذا آپ کو بذریعہ اشتہار ہذا مطلع کیا جاتا ہے کہ آپ بتاریخ مقررہ بوقت 8:30 بجے صبح حاضر عدالت ہو کر جوابدعویٰ داخل کریں بصورت دیگر کارروائی یکطرفہ عمل میں لائی جائے گی آج بتاریخ 17 اپریل 2026 کو میرے دستخط اور مہ
Best-49
بعدالت جناب سینئر سول جج صاحب کراچی ساؤتھ مقدمہ نمبر سال 2026 بنام مدعا علیہ ہرگاہ کہ مدعی نے آپ کے خلاف دعویٰ دائر کیا ہے لہٰذا آپ کو بذریعہ اشتہار ہذا مطلع کیا جاتا ہے کہ آپ بتاریخ مقررہ بوقت 8:30 بجے صبح حاضر عدالت ہو کر جوابدعویٰ داخل کریں بصورت دیگر کارروائی یکطرفہ عمل میں لائی جائے گی آج بتاریخ 17 اپریل 2026 کو میرے دستخط اور مہر عدالت سے جاری کیا گیا۔ بعدالت جناب سینئر سول جج صاحب کراچی ساؤتھ مقدمہ نمبر سال 2026 بنام مدعا علیہ ہرگاہ کہ مدعی نے آپ کے خلاف دعویٰ دائر کیا ہے لہٰذا آپ کو بذریعہ اشتہار ہذا مطلع کیا جاتا ہے کہ آپ بتاریخ مقررہ بوقت 8:30 بجے صبح حاضر عدالت ہو کر جوابدعویٰ داخل کریں بصورت دیگر کارروائی یکطرفہ عمل میں لائی جائے گی آج بتاریخ 17 اپریل 2026 کو میرے دستخط اور مہر عدالت سے جاری کیا گیا۔ بعدالت جناب سینئر سول جج صاحب کراچی ساؤتھ مقدمہ نمبر سال 2026 بنام مدعا علیہ ہرگاہ کہ مدعی نے آپ کے خلاف دعویٰ دائر کیا ہے لہٰذا آپ کو بذریعہ اشتہار ہذا مطلع کیا جاتا ہے کہ آپ بتاریخ مقررہ بوقت 8:30 بجے صبح حاضر عدالت ہو کر جوابدعویٰ داخل کریں بصورت دیگر کارروائی یکطرفہ عمل میں لائی جائے گی آج بتاریخ 17 اپریل 2026 کو میرے دستخط اور مہر عدالت سے جاری کیا گیا۔ بعدالت جناب سینئر سول جج صاحب کراچی ساؤتھ مقدمہ نمبر سال 2026 بنام مدعا علیہ ہرگاہ کہ مدعی نے آپ کے خلاف دعویٰ دائر کیا ہے لہٰذا آپ کو بذریعہ اشتہار ہذا مطلع کیا جاتا ہے کہ آپ بتاریخ مقررہ بوقت 8:30 بجے صبح حاضر عدالت ہو کر جوابدعویٰ داخل کریں بصورت دیگر کارروائی یکطرفہ عمل میں لائی جائے گی آج بتاریخ 17 اپریل 2026 کو میرے دستخط اور مہر عدالت سے جاری کیا گیا۔ بعدالت جناب سینئر سول جج صاحب کراچی ساؤتھ مقدمہ نمبر سال 2026 بنام مدعا علیہ ہرگاہ کہ مدعی نے آپ کے خلاف دعویٰ دائر کیا ہے لہٰذا آپ کو بذریعہ اشتہار ہذا مطلع کیا جاتا ہے کہ آپ بتاریخ مقررہ بوقت 8:30 بجے صبح حاضر عدالت ہو کر جوابدعویٰ داخل کریں بصورت دیگر کارروائی یکطرفہ عمل میں لائی جائے گی آج بتاریخ 17 اپریل 2026 کو میرے دستخط اور مہر عدالت سے جاری کیا گیا۔ بعدالت جناب سینئر سول جج صاحب کراچی ساؤتھ مقدمہ نمبر سال 2026 بنام مدعا علیہ ہرگاہ کہ مدعی نے آپ کے خلاف دعویٰ دائر کیا ہے لہٰذا آپ کو بذریعہ اشتہار ہذا مطلع کیا جاتا ہے کہ آپ بتاریخ مقررہ بوقت 8:30 بجے صبح حاضر عدالت ہو کر جوابدعویٰ داخل کریں بصورت دیگر کارروائی یکطرفہ عمل میں لائی جائے گی آج بتاریخ 17 اپریل 2026 کو میرے دستخط اور مہر عدالت سے جاری کیا گیا۔ بعدالت جناب سینئر سول جج صاحب کراچی ساؤتھ مقدمہ نمبر سال 2026 بنام مدعا علیہ ہرگاہ کہ مدعی نے آپ کے خلاف دعویٰ دائر کیا ہے لہٰذا آپ کو بذریعہ اشتہار ہذا مطلع کیا جاتا ہے کہ آپ بتاریخ مقررہ بوقت 8:30 بجے صبح حاضر عدالت ہو کر جوابدعویٰ داخل کریں بصورت دیگر کارروائی یکطرفہ عمل میں لائی جائے گی آج بتاریخ 17 اپریل 2026 کو میرے دستخط اور مہر عدالت سے جاری کیا گیا۔ بعدالت جناب سینئر سول جج صاحب کراچی ساؤتھ مقدمہ نمبر سال 2026 بنام مدعا علیہ ہرگاہ کہ مدعی نے آپ کے خلاف دعویٰ دائر کیا ہے لہٰذا آپ کو بذریعہ اشتہار ہذا مطلع کیا جاتا ہے کہ آپ بتاریخ مقررہ بوقت 8:30 بجے صبح حاضر عدالت ہو کر جوابدعویٰ داخل کریں بصورت دیگر کارروائی یکطرفہ عمل میں لائی جائے گی آج بتاریخ 17 اپریل 2026 کو میرے دستخط اور مہر عدالت سے جاری کیا گیا۔ بعدالت جناب سینئر سول جج صاحب کراچی ساؤتھ مقدمہ نمبر سال 2026 بنام مدعا علیہ ہرگاہ کہ مدعی نے آپ کے خلاف دعویٰ دائر کیا ہے لہٰذا آپ کو بذریعہ اشتہار ہذا مطلع کیا جاتا ہے کہ آپ بتاریخ مقررہ بوقت 8:30 بجے صبح حاضر عدالت ہو کر جوابدعویٰ داخل کریں بصورت دیگر کارروائی یکطرفہ عمل میں لائی جائے گی آج بتاریخ 17 اپریل 2026 کو میرے دستخط اور مہر عدالت سے جاری کیا گیا۔ بعدالت جناب سینئر سول جج صاحب کراچی ساؤتھ مقدمہ نمبر سال 2026 بنام مدعا علیہ ہرگاہ کہ مدعی نے آپ کے خلاف دعویٰ دائر کیا ہے لہٰذا آپ کو بذریعہ اشتہار ہذا مطلع کیا جاتا ہے کہ آپ بتاریخ مقررہ بوقت 8:30 بجے صبح حاضر عدالت ہو کر جوابدعویٰ داخل کریں بصورت دیگر کارروائی یکطرفہ عمل میں لائی جائے گی آج بتاریخ 17 اپریل 2026 کو میرے دستخط اور مہر عدالت سے جاری کیا گیا۔ بعدالت جناب سینئر سول جج صاحب کراچی ساؤتھ مقدمہ نمبر سال 2026 بنام مدعا علیہ ہرگاہ کہ مدعی نے آپ کے خلاف دعویٰ دائر کیا ہے لہٰذا آپ کو بذریعہ اشتہار ہذا مطلع کیا جاتا ہے کہ آپ بتاریخ مقررہ بوقت 8:30 بجے صبح حاضر عدالت ہو کر جوابدعویٰ داخل کریں بصورت دیگر کارروائی یکطرفہ عمل میں لائی جائے گی آج بتاریخ 17 اپریل 2026 کو میرے دستخط اور مہر عدالت سے جاری کیا گیا۔ بعدالت جناب سینئر سول جج صاحب کراچی ساؤتھ مقدمہ نمبر سال 2026 بنام مدعا علیہ ہرگاہ کہ مدعی نے آپ کے خلاف دعویٰ دائر کیا ہے لہٰذا آپ کو بذریعہ اشتہار ہذا مطلع کیا جاتا ہے کہ آپ بتاریخ مقررہ بوقت 8:30 بجے صبح حاضر عدالت ہو کر جوابدعویٰ داخل کریں بصورت دیگر کارروائی یکطرفہ عمل میں لائی جائے گی آج بتاریخ 17 اپریل 2026 کو میرے دستخط اور مہر عدالت سے جاری کیا گیا۔ بعدالت جناب سینئر سول جج صاحب کراچی ساؤتھ مقدمہ نمبر سال 2026 بنام مدعا علیہ ہرگاہ کہ مدعی نے آپ کے خلاف دعویٰ دائر کیا ہے لہٰذا آپ کو بذریعہ اشتہار ہذا مطلع کیا جاتا ہے کہ آپ بتاریخ مقررہ بوقت 8:30 بجے صبح حاضر عدالت ہو کر جوابدعویٰ داخل کریں بصورت دیگر کارروائی یکطرفہ عمل میں لائی جائے گی آج بتاریخ 17 اپریل 2026 کو میرے دستخط اور مہر عدالت سے جاری کیا گیا۔ بعدالت جناب سینئر سول جج صاحب کراچی ساؤتھ مقدمہ نمبر سال 2026 بنام مدعا علیہ ہرگاہ کہ مدعی نے آپ کے خلاف دعویٰ دائر کیا ہے لہٰذا آپ کو بذریعہ اشتہار ہذا مطلع کیا جاتا ہے کہ آپ بتاریخ مقررہ بوقت 8:30 بجے صبح حاضر عدالت ہو کر جوابدعویٰ داخل کریں بصورت دیگر کارروائی یکطرفہ عمل میں لائی جائے گی آج بتاریخ 17 اپریل 2026 کو میرے دستخط اور مہر عدالت سے جاری کیا گیا۔ بعدالت جناب سینئر سول جج صاحب کراچی ساؤتھ مقدمہ نمبر سال 2026 بنام مدعا علیہ ہرگاہ کہ مدعی نے آپ کے خلاف دعویٰ دائر کیا ہے لہٰذا آپ کو بذریعہ اشتہار ہذا مطلع کیا جاتا ہے کہ آپ بتاریخ مقررہ بوقت 8:30 بجے صبح حاضر عدالت ہو کر جوابدعویٰ داخل کریں بصورت دیگر کارروائی یکطرفہ عمل میں لائی جائے گی آج بتاریخ 17 اپریل 2026 کو میرے دستخط اور مہر عدالت سے جاری کیا گیا۔ بعدالت جناب سینئر سول جج صاحب کراچی ساؤتھ مقدمہ نمبر سال 2026 بنام مدعا علیہ ہرگاہ کہ مدعی نے آپ کے خلاف دعویٰ دائر کیا ہے لہٰذا آپ کو بذریعہ اشتہار ہذا مطلع کیا جاتا ہے کہ آپ بتاریخ مقررہ بوقت 8:30 بجے صبح حاضر عدالت ہو کر جوابدعویٰ داخل کریں بصورت دیگر کارروائی یکطرفہ عمل میں لائی جائے گی آج بتاریخ 17 اپریل 2026 کو میرے دستخط اور مہر عدالت سے جاری کیا گیا۔ بعدالت جناب سینئر سول جج صاحب کراچی ساؤتھ مقدمہ نمبر سال 2026 بنام مدعا علیہ ہرگاہ کہ مدعی نے آپ کے خلاف دعویٰ دائر کیا ہے لہٰذا آپ کو بذریعہ اشتہار ہذا مطلع کیا جاتا ہے کہ آپ بتاریخ مقررہ بوقت 8:30 بجے صبح حاضر عدالت ہو کر جوابدعویٰ داخل کریں بصورت دیگر کارروائی یکطرفہ عمل میں لائی جائے گی آج بتاریخ 17 اپریل 2026 کو میرے دستخط اور مہر عدالت سے جاری کیا گیا۔ بعدالت جناب سینئر سول جج صاحب کراچی ساؤتھ مقدمہ نمبر سال 2026 بنام مدعا علیہ ہرگاہ کہ مدعی نے آپ کے خلاف دعویٰ دائر کیا ہے لہٰذا آپ کو بذریعہ اشتہار ہذا مطلع کیا جاتا ہے کہ آپ بتاریخ مقررہ بوقت 8:30 بجے صبح حاضر عدالت ہو کر جوابدعویٰ داخل کریں بصورت دیگر کارروائی یکطرفہ عمل میں لائی جائے گی آج بتاریخ 17 اپریل 2026 کو میرے دستخط اور مہر عدالت سے جاری کیا گیا۔ بعدالت جناب سینئر سول جج صاحب کراچی ساؤتھ مقدمہ نمبر سال 2026 بنام مدعا علیہ ہرگاہ کہ مدعی نے آپ کے خلاف دعویٰ دائر کیا ہے لہٰذا آپ کو بذریعہ اشتہار ہذا مطلع کیا جاتا ہے کہ آپ بتاریخ مقررہ بوقت 8:30 بجے صبح حاضر عدالت ہو کر جوابدعویٰ داخل کریں بصورت دیگر کارروائی یکطرفہ عمل میں لائی جائے گی آج بتاریخ 17 اپریل 2026 کو میرے دستخط اور مہر عدالت سے جاری کیا گیا۔ بعدالت جناب سینئر سول جج صاحب کراچی ساؤتھ مقدمہ نمبر سال 2026 بنام مدعا علیہ ہرگاہ کہ مدعی نے آپ کے خلاف دعویٰ دائر کیا ہے لہٰذا آپ کو بذریعہ اشتہار ہذا مطلع کیا جاتا ہے کہ آپ بتاریخ مقررہ بوقت 8:30 بجے صبح حاضر عدالت ہو کر جوابدعویٰ داخل کریں بصورت دیگر کارروائی یکطرفہ عمل میں لائی جائے گی آج بتاریخ 17 اپریل 2026 کو میرے دستخط اور مہر عدالت سے جاری کیا گیا۔ بعدالت جناب سینئر سول جج صاحب کراچی ساؤتھ مقدمہ نمبر سال 2026 بنام مدعا علیہ ہرگاہ کہ مدعی نے آپ کے خلاف دعویٰ دائر کیا ہے لہٰذا آپ کو بذریعہ اشتہار ہذا مطلع کیا جاتا ہے کہ آپ بتاریخ مقررہ بوقت 8:30 بجے صبح حاضر عدالت ہو کر جوابدعویٰ داخل کریں بصورت دیگر کارروائی یکطرفہ عمل میں لائی جائے گی آج بتاریخ 17 اپریل 2026 کو میرے دستخط اور مہر عدالت سے جاری کیا گیا۔ بعدالت جناب سینئر سول جج صاحب کراچی ساؤتھ مقدمہ نمبر سال 2026 بنام مدعا علیہ ہرگاہ کہ مدعی نے آپ کے خلاف دعویٰ دائر کیا ہے لہٰذا آپ کو بذریعہ اشتہار ہذا مطلع کیا جاتا ہے کہ آپ بتاریخ مقررہ بوقت 8:30 بجے صبح حاضر عدالت ہو کر جوابدعویٰ داخل کریں بصورت دیگر کارروائی یکطرفہ عمل میں لائی جائے گی آج بتاریخ 17 اپریل 2026 کو میرے دستخط اور مہر عدالت سے جاری کیا گیا۔ بعدالت جناب سینئر سول جج صاحب کراچی ساؤتھ مقدمہ نمبر سال 2026 بنام مدعا علیہ ہرگاہ کہ مدعی نے آپ کے خلاف دعویٰ دائر کیا ہے لہٰذا آپ کو بذریعہ اشتہار ہذا مطلع کیا جاتا ہے کہ آپ بتاریخ مقررہ بوقت 8:30 بجے صبح حاضر عدالت ہو کر جوابدعویٰ داخل کریں بصورت دیگر کارروائی یکطرفہ عمل میں لائی جائے گی آج بتاریخ 17 اپریل 2026 کو میرے دستخط اور مہر عدالت سے جاری کیا گیا۔ بعدالت جناب سینئر سول جج صاحب کراچی ساؤتھ مقدمہ نمبر سال 2026 بنام مدعا علیہ ہرگاہ کہ مدعی نے آپ کے خلاف دعویٰ دائر کیا ہے لہٰذا آپ کو بذریعہ اشتہار ہذا مطلع کیا جاتا ہے کہ آپ بتاریخ مقررہ بوقت 8:30 بجے صبح حاضر عدالت ہو کر جوابدعویٰ داخ
بعدالت جناب سینئر سول جج صاحب کراچی ساؤتھ مقدمہ نمبر سال 2026 بنام مدعا علیہ ہرگاہ کہ مدعی نے آپ کے خلاف دعویٰ دائر کیا ہے لہٰذا آپ کو بذریعہ اشتہار ہذا مطلع کیا جاتا ہے کہ آپ بتاریخ مقررہ بوقت 8:30 بجے صبح حاضر عدالت ہو کر جوابدعویٰ داخل کریں بصورت دیگر کارروائی یکطرفہ عمل میں لائی جائے گی آج بتاریخ 17 اپری
نمبر16
بعدالت جناب سینئر سول جج صاحب کراچی ساؤتھ مقدمہ نمبر سال 2026 بنام مدعا علیہ ہرگاہ کہ مدعی نے آپ کے خلاف دعویٰ دائر کیا ہے لہٰذا آپ کو بذریعہ اشتہار ہذا مطلع کیا جاتا ہے کہ آپ بتاریخ مقررہ بوقت 8:30 بجے صبح حاضر عدالت ہو کر جوابدعویٰ داخل کریں بصورت دیگر کارروائی یکطرفہ عمل میں لائی جائے گی آج بتاریخ 17 اپریل 2026 کو میرے دستخط اور مہر عدالت سے جاری کیا گیا۔ بعدالت جناب سینئر سول جج صاحب کراچی ساؤتھ مقدمہ نمبر سال 2026 بنام مدعا علیہ ہرگاہ کہ مدعی نے آپ کے خلاف دعویٰ دائر کیا ہے لہٰذا آپ کو بذریعہ اشتہار ہذا مطلع کیا جاتا ہے کہ آپ بتاریخ مقررہ بوقت 8:30 بجے صبح حاضر عدالت ہو کر جوابدعویٰ داخل کریں بصورت دیگر کارروائی یکطرفہ عمل میں لائی جائے گی آج بتاریخ 17 اپریل 2026 کو میرے دستخط اور مہر عدالت سے جاری کیا گیا۔ بعدالت جناب سینئر سول جج صاحب کراچی ساؤ
نمبر17
بعدالت جناب سینئر سول جج صاحب کراچی ساؤتھ مقدمہ نمبر سال 2026 بنام مدعا علیہ ہرگاہ کہ مدعی نے آپ کے خلاف دعویٰ دائر کیا ہے لہٰذا آپ کو بذریعہ اشتہار ہذا مطلع کیا جاتا ہے کہ آپ بتاریخ مقررہ بوقت 8:30 بجے صبح حاضر عدالت ہو کر جوابدعویٰ داخل کریں بصورت دیگر کارروائی یکطرفہ عمل میں لائی جائے گی آج بتاریخ 17 اپریل 2026 کو میرے دستخط اور مہر عدالت سے جاری کیا گیا۔ بعدالت جناب سینئر سول جج صاحب کراچی ساؤتھ مقدمہ نمبر سال 2026 بنام مدعا علیہ ہرگاہ کہ مدعی نے آپ کے خلاف دعویٰ دائر کیا ہے لہٰذا آپ کو بذریعہ اشتہار ہذا مطلع کیا جاتا ہے کہ آپ بتاریخ مقررہ بوقت 8:30 بجے صبح حاضر عدالت ہو کر جوابدعویٰ داخل کریں بصورت دیگر کارروائی یکطرفہ عمل میں لائی جائے گی آج بتاریخ 17 اپریل 2026 کو میرے دستخط اور مہر عدالت سے جاری کیا گیا۔ بعدالت جناب سینئر سول جج صاحب کراچی ساؤ
نمبر18
بعدالت جناب سینئر سول جج صاحب کراچی ساؤتھ مقدمہ نمبر سال 2026 بنام مدعا علیہ ہرگاہ کہ مدعی نے آپ کے خلاف دعویٰ دائر کیا ہے لہٰذا آپ کو بذریعہ اشتہار ہذا مطلع کیا جاتا ہے کہ آپ بتاریخ مقررہ بوقت 8:30 بجے صبح حاضر عدالت ہو کر جوابدعویٰ داخل کریں بصورت دیگر کارروائی یکطرفہ عمل میں لائی جائے گی آج بتاریخ 17 اپریل 2026 کو میرے دستخط اور مہر عدالت سے جاری کیا گیا۔ بعدالت جناب سینئر سول جج صاحب کراچی ساؤتھ مقدمہ نمبر سال 2026 بنام مدعا علیہ ہرگاہ کہ مدعی نے آپ کے خلاف دعویٰ دائر کیا ہے لہٰذا آپ کو بذریعہ اشتہار ہذا مطلع کیا جاتا ہے کہ آپ بتاریخ مقررہ بوقت 8:30 بجے صبح حاضر عدالت ہو کر جوابدعویٰ داخل کریں بصورت دیگر کارروائی یکطرفہ عمل میں لائی جائے گی آج بتاریخ 17 اپریل 2026 کو میرے دستخط اور مہر عدالت سے جاری کیا گیا۔ بعدالت جناب سینئر سول جج صاحب کراچی ساؤ
نمبر19
بعدالت جناب سینئر سول جج صاحب کراچی ساؤتھ مقدمہ نمبر سال 2026 بنام مدعا علیہ ہرگاہ کہ مدعی نے آپ کے خلاف دعویٰ دائر کیا ہے لہٰذا آپ کو بذریعہ اشتہار ہذا مطلع کیا جاتا ہے کہ آپ بتاریخ مقررہ بوقت 8:30 بجے صبح حاضر عدالت ہو کر جوابدعویٰ داخل کریں بصورت دیگر کارروائی یکطرفہ عمل میں لائی جائے گی آج بتاریخ 17 اپریل 2026 کو میرے دستخط اور مہر عدالت سے جاری کیا گیا۔ بعدالت جناب سینئر سول جج صاحب کراچی ساؤتھ مقدمہ نمبر سال 2026 بنام مدعا علیہ ہرگاہ کہ مدعی نے آپ کے خلاف دعویٰ دائر کیا ہے لہٰذا آپ کو بذریعہ اشتہار ہذا مطلع کیا جاتا ہے کہ آپ بتاریخ مقررہ بوقت 8:30 بجے صبح حاضر عدالت ہو کر جوابدعویٰ داخل کریں بصورت دیگر کارروائی یکطرفہ عمل میں لائی جائے گی آج بتاریخ 17 اپریل 2026 کو میرے دستخط اور مہر عدالت سے جاری کیا گیا۔ بعدالت جناب سینئر سول جج صاحب کراچی ساؤ
نمبر20
بعدالت جناب سینئر سول جج صاحب کراچی ساؤتھ مقدمہ نمبر سال 2026 بنام مدعا علیہ ہرگاہ کہ مدعی نے آپ کے خلاف دعویٰ دائر کیا ہے لہٰذا آپ کو بذریعہ اشتہار ہذا مطلع کیا جاتا ہے کہ آپ بتاریخ مقررہ بوقت 8:30 بجے صبح حاضر عدالت ہو کر جوابدعویٰ داخل کریں بصورت دیگر کارروائی یکطرفہ عمل میں لائی جائے گی آج بتاریخ 17 اپریل 2026 کو میرے دستخط اور مہر عدالت سے جاری کیا گیا۔ بعدالت جناب سینئر سول جج صاحب کراچی ساؤتھ مقدمہ نمبر سال 2026 بنام مدعا علیہ ہرگاہ کہ مدعی نے آپ کے خلاف دعویٰ دائر کیا ہے لہٰذا آپ کو بذریعہ اشتہار ہذا مطلع کیا جاتا ہے کہ آپ بتاریخ مقررہ بوقت 8:30 بجے صبح حاضر عدالت ہو کر جوابدعویٰ داخل کریں بصورت دیگر کارروائی یکطرفہ عمل میں لائی جائے گی آج بتاریخ 17 اپریل 2026 کو میرے دستخط اور مہر عدالت سے جاری کیا گیا۔ بعدالت جناب سینئر سول جج صاحب کراچی ساؤ
نمبر21
بعدالت جناب سینئر سول جج صاحب کراچی ساؤتھ مقدمہ نمبر سال 2026 بنام مدعا علیہ ہرگاہ کہ مدعی نے آپ کے خلاف دعویٰ دائر کیا ہے لہٰذا آپ کو بذریعہ اشتہار ہذا مطلع کیا جاتا ہے کہ آپ بتاریخ مقررہ بوقت 8:30 بجے صبح حاضر عدالت ہو کر جوابدعویٰ داخل کریں بصورت دیگر کارروائی یکطرفہ عمل میں لائی جائے گی آج بتاریخ 17 اپریل 2026 کو میرے دستخط اور مہر عدالت سے جاری کیا گیا۔ بعدالت جناب سینئر سول جج صاحب کراچی ساؤتھ مقدمہ نمبر سال 2026 بنام مدعا علیہ ہرگاہ کہ مدعی نے آپ کے خلاف دعویٰ دائر کیا ہے لہٰذا آپ کو بذریعہ اشتہار ہذا مطلع کیا جاتا ہے کہ آپ بتاریخ مقررہ بوقت 8:30 بجے صبح حاضر عدالت ہو کر جوابدعویٰ داخل کریں بصورت دیگر کارروائی یکطرفہ عمل میں لائی جائے گی آج بتاریخ 17 اپریل 2026 کو میرے دستخط اور مہر عدالت سے جاری کیا گیا۔ بعدالت جناب سینئر سول جج صاحب کراچی ساؤ
نمبر22
بعدالت جناب سینئر سول جج صاحب کراچی ساؤتھ مقدمہ نمبر سال 2026 بنام مدعا علیہ ہرگاہ کہ مدعی نے آپ کے خلاف دعویٰ دائر کیا ہے لہٰذا آپ کو بذریعہ اشتہار ہذا مطلع کیا جاتا ہے کہ آپ بتاریخ مقررہ بوقت 8:30 بجے صبح حاضر عدالت ہو کر جوابدعویٰ داخل کریں بصورت دیگر کارروائی یکطرفہ عمل میں لائی جائے گی آج بتاریخ 17 اپریل 2026 کو میرے دستخط اور مہر عدالت سے جاری کیا گیا۔ بعدالت جناب سینئر سول جج صاحب کراچی ساؤتھ مقدمہ نمبر سال 2026 بنام مدعا علیہ ہرگاہ کہ مدعی نے آپ کے خلاف دعویٰ دائر کیا ہے لہٰذا آپ کو بذریعہ اشتہار ہذا مطلع کیا جاتا ہے کہ آپ بتاریخ مقررہ بوقت 8:30 بجے صبح حاضر عدالت ہو کر جوابدعویٰ داخل کریں بصورت دیگر کارروائی یکطرفہ عمل میں لائی جائے گی آج بتاریخ 17 اپریل 2026 کو میرے دستخط اور مہر عدالت سے جاری کیا گیا۔ بعدالت جناب سینئر سول جج صاحب کراچی ساؤ
نمبر23
بعدالت جناب سینئر سول جج صاحب کراچی ساؤتھ مقدمہ نمبر سال 2026 بنام مدعا علیہ ہرگاہ کہ مدعی نے آپ کے خلاف دعویٰ دائر کیا ہے لہٰذا آپ کو بذریعہ اشتہار ہذا مطلع کیا جاتا ہے کہ آپ بتاریخ مقررہ بوقت 8:30 بجے صبح حاضر عدالت ہو کر جوابدعویٰ داخل کریں بصورت دیگر کارروائی یکطرفہ عمل میں لائی جائے گی آج بتاریخ 17 اپریل 2026 کو میرے دستخط اور مہر عدالت سے جاری کیا گیا۔ بعدالت جناب سینئر سول جج صاحب کراچی ساؤتھ مقدمہ نمبر سال 2026 بنام مدعا علیہ ہرگاہ کہ مدعی نے آپ کے خلاف دعویٰ دائر کیا ہے لہٰذا آپ کو بذریعہ اشتہار ہذا مطلع کیا جاتا ہے کہ آپ بتاریخ مقررہ بوقت 8:30 بجے صبح حاضر عدالت ہو کر جوابدعویٰ داخل کریں بصورت دیگر کارروائی یکطرفہ عمل میں لائی جائے گی آج بتاریخ 17 اپریل 2026 کو میرے دستخط اور مہر عدالت سے جاری کیا گیا۔ بعدالت جناب سینئر سول جج صاحب کراچی ساؤ
نمبر24
بعدالت جناب سینئر سول جج صاحب کراچی ساؤتھ مقدمہ نمبر سال 2026 بنام مدعا علیہ ہرگاہ کہ مدعی نے آپ کے خلاف دعویٰ دائر کیا ہے لہٰذا آپ کو بذریعہ اشتہار ہذا مطلع کیا جاتا ہے کہ آپ بتاریخ مقررہ بوقت 8:30 بجے صبح حاضر عدالت ہو کر جوابدعویٰ داخل کریں بصورت دیگر کارروائی یکطرفہ عمل میں لائی جائے گی آج بتاریخ 17 اپریل 2026 کو میرے دستخط اور مہر عدالت سے جاری کیا گیا۔ بعدالت جناب سینئر سول جج صاحب کراچی ساؤتھ مقدمہ نمبر سال 2026 بنام مدعا علیہ ہرگاہ کہ مدعی نے آپ کے خلاف دعویٰ دائر کیا ہے لہٰذا آپ کو بذریعہ اشتہار ہذا مطلع کیا جاتا ہے کہ آپ بتاریخ مقررہ بوقت 8:30 بجے صبح حاضر عدالت ہو کر جوابدعویٰ داخل کریں بصورت دیگر کارروائی یکطرفہ عمل میں لائی جائے گی آج بتاریخ 17 اپریل 2026 کو میرے دستخط اور مہر عدالت سے جاری کیا گیا۔ بعدالت جناب سینئر سول جج صاحب کراچی ساؤ
بعدالت جناب سینئر سول جج صاحب کراچی ساؤتھ مقدمہ نمبر سال 2026 بنام مدعا علیہ ہرگاہ کہ مدعی نے آپ کے خلاف دعویٰ دائر کیا ہے لہٰذا آپ کو بذریعہ اشتہار ہذا مطلع کیا جاتا ہے کہ آپ بتاریخ مقررہ بوقت 8:30 بجے صبح حاضر عدالت ہو کر جوابدعویٰ داخل کریں بصورت دیگر کارروائی یکطرفہ عمل میں لائی جائے گی آج بتاریخ 17 اپری
نمبر7
بعدالت جناب سینئر سول جج صاحب کراچی ساؤتھ مقدمہ نمبر سال 2026 بنام مدعا علیہ ہرگاہ کہ مدعی نے آپ کے خلاف دعویٰ دائر کیا ہے لہٰذا آپ کو بذریعہ اشتہار ہذا مطلع کیا جاتا ہے کہ آپ بتاریخ مقررہ بوقت 8:30 بجے صبح حاضر عدالت ہو کر جوابدعویٰ داخل کریں بصورت دیگر کارروائی یکطرفہ عمل میں لائی جائے گی آج بتاریخ 17 اپریل 2026 کو میرے دستخط اور مہر عدالت سے جاری کیا گیا۔ بعدالت جناب سینئر سول جج صاحب کراچی ساؤتھ مقدمہ نمبر سال 2026 بنام مدعا علیہ ہرگاہ کہ مدعی نے آپ کے خلاف دعویٰ دائر کیا ہے لہٰذا آپ کو بذریعہ اشتہار ہذا مطلع کیا جاتا ہے کہ آپ بتاریخ مقررہ بوقت 8:30 بجے صبح حاضر عدالت ہو کر جوابدعویٰ داخل کریں بصورت دیگر کارروائی یکطرفہ عمل میں لائی جائے گی آج بتاریخ 17 اپریل 2026 کو میرے دستخط اور مہر عدالت سے جاری کیا گیا۔ بعدالت جناب سینئر سول جج صاحب کراچی ساؤ
نمبر8
بعدالت جناب سینئر سول جج صاحب کراچی ساؤتھ مقدمہ نمبر سال 2026 بنام مدعا علیہ ہرگاہ کہ مدعی نے آپ کے خلاف دعویٰ دائر کیا ہے لہٰذا آپ کو بذریعہ اشتہار ہذا مطلع کیا جاتا ہے کہ آپ بتاریخ مقررہ بوقت 8:30 بجے صبح حاضر عدالت ہو کر جوابدعویٰ داخل کریں بصورت دیگر کارروائی یکطرفہ عمل میں لائی جائے گی آج بتاریخ 17 اپریل 2026 کو میرے دستخط اور مہر عدالت سے جاری کیا گیا۔ بعدالت جناب سینئر سول جج صاحب کراچی ساؤتھ مقدمہ نمبر سال 2026 بنام مدعا علیہ ہرگاہ کہ مدعی نے آپ کے خلاف دعویٰ دائر کیا ہے لہٰذا آپ کو بذریعہ اشتہار ہذا مطلع کیا جاتا ہے کہ آپ بتاریخ مقررہ بوقت 8:30 بجے صبح حاضر عدالت ہو کر جوابدعویٰ داخل کریں بصورت دیگر کارروائی یکطرفہ عمل میں لائی جائے گی آج بتاریخ 17 اپریل 2026 کو میرے دستخط اور مہر عدالت سے جاری کیا گیا۔ بعدالت جناب سینئر سول جج صاحب کراچی ساؤ
نمبر9
بعدالت جناب سینئر سول جج صاحب کراچی ساؤتھ مقدمہ نمبر سال 2026 بنام مدعا علیہ ہرگاہ کہ مدعی نے آپ کے خلاف دعویٰ دائر کیا ہے لہٰذا آپ کو بذریعہ اشتہار ہذا مطلع کیا جاتا ہے کہ آپ بتاریخ مقررہ بوقت 8:30 بجے صبح حاضر عدالت ہو کر جوابدعویٰ داخل کریں بصورت دیگر کارروائی یکطرفہ عمل میں لائی جائے گی آج بتاریخ 17 اپریل 2026 کو میرے دستخط اور مہر عدالت سے جاری کیا گیا۔ بعدالت جناب سینئر سول جج صاحب کراچی ساؤتھ مقدمہ نمبر سال 2026 بنام مدعا علیہ ہرگاہ کہ مدعی نے آپ کے خلاف دعویٰ دائر کیا ہے لہٰذا آپ کو بذریعہ اشتہار ہذا مطلع کیا جاتا ہے کہ آپ بتاریخ مقررہ بوقت 8:30 بجے صبح حاضر عدالت ہو کر جوابدعویٰ داخل کریں بصورت دیگر کارروائی یکطرفہ عمل میں لائی جائے گی آج بتاریخ 17 اپریل 2026 کو میرے دستخط اور مہر عدالت سے جاری کیا گیا۔ بعدالت جناب سینئر سول جج صاحب کراچی ساؤ
نمبر10
بعدالت جناب سینئر سول جج صاحب کراچی ساؤتھ مقدمہ نمبر سال 2026 بنام مدعا علیہ ہرگاہ کہ مدعی نے آپ کے خلاف دعویٰ دائر کیا ہے لہٰذا آپ کو بذریعہ اشتہار ہذا مطلع کیا جاتا ہے کہ آپ بتاریخ مقررہ بوقت 8:30 بجے صبح حاضر عدالت ہو کر جوابدعویٰ داخل کریں بصورت دیگر کارروائی یکطرفہ عمل میں لائی جائے گی آج بتاریخ 17 اپریل 2026 کو میرے دستخط اور مہر عدالت سے جاری کیا گیا۔ بعدالت جناب سینئر سول جج صاحب کراچی ساؤتھ مقدمہ نمبر سال 2026 بنام مدعا علیہ ہرگاہ کہ مدعی نے آپ کے خلاف دعویٰ دائر کیا ہے لہٰذا آپ کو بذریعہ اشتہار ہذا مطلع کیا جاتا ہے کہ آپ بتاریخ مقررہ بوقت 8:30 بجے صبح حاضر عدالت ہو کر جوابدعویٰ داخل کریں بصورت دیگر کارروائی یکطرفہ عمل میں لائی جائے گی آج بتاریخ 17 اپریل 2026 کو میرے دستخط اور مہر عدالت سے جاری کیا گیا۔ بعدالت جناب سینئر سول جج صاحب کراچی ساؤ
نمبر11
بعدالت جناب سینئر سول جج صاحب کراچی ساؤتھ مقدمہ نمبر سال 2026 بنام مدعا علیہ ہرگاہ کہ مدعی نے آپ کے خلاف دعویٰ دائر کیا ہے لہٰذا آپ کو بذریعہ اشتہار ہذا مطلع کیا جاتا ہے کہ آپ بتاریخ مقررہ بوقت 8:30 بجے صبح حاضر عدالت ہو کر جوابدعویٰ داخل کریں بصورت دیگر کارروائی یکطرفہ عمل میں لائی جائے گی آج بتاریخ 17 اپریل 2026 کو میرے دستخط اور مہر عدالت سے جاری کیا گیا۔ بعدالت جناب سینئر سول جج صاحب کراچی ساؤتھ مقدمہ نمبر سال 2026 بنام مدعا علیہ ہرگاہ کہ مدعی نے آپ کے خلاف دعویٰ دائر کیا ہے لہٰذا آپ کو بذریعہ اشتہار ہذا مطلع کیا جاتا ہے کہ آپ بتاریخ مقررہ بوقت 8:30 بجے صبح حاضر عدالت ہو کر جوابدعویٰ داخل کریں بصورت دیگر کارروائی یکطرفہ عمل میں لائی جائے گی آج بتاریخ 17 اپریل 2026 کو میرے دستخط اور مہر عدالت سے جاری کیا گیا۔ بعدالت جناب سینئر سول جج صاحب کراچی ساؤ
نمبر12
بعدالت جناب سینئر سول جج صاحب کراچی ساؤتھ مقدمہ نمبر سال 2026 بنام مدعا علیہ ہرگاہ کہ مدعی نے آپ کے خلاف دعویٰ دائر کیا ہے لہٰذا آپ کو بذریعہ اشتہار ہذا مطلع کیا جاتا ہے کہ آپ بتاریخ مقررہ بوقت 8:30 بجے صبح حاضر عدالت ہو کر جوابدعویٰ داخل کریں بصورت دیگر کارروائی یکطرفہ عمل میں لائی جائے گی آج بتاریخ 17 اپریل 2026 کو میرے دستخط اور مہر عدالت سے جاری کیا گیا۔ بعدالت جناب سینئر سول جج صاحب کراچی ساؤتھ مقدمہ نمبر سال 2026 بنام مدعا علیہ ہرگاہ کہ مدعی نے آپ کے خلاف دعویٰ دائر کیا ہے لہٰذا آپ کو بذریعہ اشتہار ہذا مطلع کیا جاتا ہے کہ آپ بتاریخ مقررہ بوقت 8:30 بجے صبح حاضر عدالت ہو کر جوابدعویٰ داخل کریں بصورت دیگر کارروائی یکطرفہ عمل میں لائی جائے گی آج بتاریخ 17 اپریل 2026 کو میرے دستخط اور مہر عدالت سے جاری کیا گیا۔ بعدالت جناب سینئر سول جج صاحب کراچی ساؤ
نمبر13
بعدالت جناب سینئر سول جج صاحب کراچی ساؤتھ مقدمہ نمبر سال 2026 بنام مدعا علیہ ہرگاہ کہ مدعی نے آپ کے خلاف دعویٰ دائر کیا ہے لہٰذا آپ کو بذریعہ اشتہار ہذا مطلع کیا جاتا ہے کہ آپ بتاریخ مقررہ بوقت 8:30 بجے صبح حاضر عدالت ہو کر جوابدعویٰ داخل کریں بصورت دیگر کارروائی یکطرفہ عمل میں لائی جائے گی آج بتاریخ 17 اپریل 2026 کو میرے دستخط اور مہر عدالت سے جاری کیا گیا۔ بعدالت جناب سینئر سول جج صاحب کراچی ساؤتھ مقدمہ نمبر سال 2026 بنام مدعا علیہ ہرگاہ کہ مدعی نے آپ کے خلاف دعویٰ دائر کیا ہے لہٰذا آپ کو بذریعہ اشتہار ہذا مطلع کیا جاتا ہے کہ آپ بتاریخ مقررہ بوقت 8:30 بجے صبح حاضر عدالت ہو کر جوابدعویٰ داخل کریں بصورت دیگر کارروائی یکطرفہ عمل میں لائی جائے گی آج بتاریخ 17 اپریل 2026 کو میرے دستخط اور مہر عدالت سے جاری کیا گیا۔ بعدالت جناب سینئر سول جج صاحب کراچی ساؤ
نمبر14
بعدالت جناب سینئر سول جج صاحب کراچی ساؤتھ مقدمہ نمبر سال 2026 بنام مدعا علیہ ہرگاہ کہ مدعی نے آپ کے خلاف دعویٰ دائر کیا ہے لہٰذا آپ کو بذریعہ اشتہار ہذا مطلع کیا جاتا ہے کہ آپ بتاریخ مقررہ بوقت 8:30 بجے صبح حاضر عدالت ہو کر جوابدعویٰ داخل کریں بصورت دیگر کارروائی یکطرفہ عمل میں لائی جائے گی آج بتاریخ 17 اپریل 2026 کو میرے دستخط اور مہر عدالت سے جاری کیا گیا۔ بعدالت جناب سینئر سول جج صاحب کراچی ساؤتھ مقدمہ نمبر سال 2026 بنام مدعا علیہ ہرگاہ کہ مدعی نے آپ کے خلاف دعویٰ دائر کیا ہے لہٰذا آپ کو بذریعہ اشتہار ہذا مطلع کیا جاتا ہے کہ آپ بتاریخ مقررہ بوقت 8:30 بجے صبح حاضر عدالت ہو کر جوابدعویٰ داخل کریں بصورت دیگر کارروائی یکطرفہ عمل میں لائی جائے گی آج بتاریخ 17 اپریل 2026 کو میرے دستخط اور مہر عدالت سے جاری کیا گیا۔ بعدالت جناب سینئر سول جج صاحب کراچی ساؤ
نمبر15
بعدالت جناب سینئر سول جج صاحب کراچی ساؤتھ مقدمہ نمبر سال 2026 بنام مدعا علیہ ہرگاہ کہ مدعی نے آپ کے خلاف دعویٰ دائر کیا ہے لہٰذا آپ کو بذریعہ اشتہار ہذا مطلع کیا جاتا ہے کہ آپ بتاریخ مقررہ بوقت 8:30 بجے صبح حاضر عدالت ہو کر جوابدعویٰ داخل کریں بصورت دیگر کارروائی یکطرفہ عمل میں لائی جائے گی آج بتاریخ 17 اپریل 2026 کو میرے دستخط اور مہر عدالت سے جاری کیا گیا۔ بعدالت جناب سینئر سول جج صاحب کراچی ساؤتھ مقدمہ نمبر سال 2026 بنام مدعا علیہ ہرگاہ کہ مدعی نے آپ کے خلاف دعویٰ دائر کیا ہے لہٰذا آپ کو بذریعہ اشتہار ہذا مطلع کیا جاتا ہے کہ آپ بتاریخ مقررہ بوقت 8:30 بجے صبح حاضر عدالت ہو کر جوابدعویٰ داخل کریں بصورت دیگر کارروائی یکطرفہ عمل میں لائی جائے گی آج بتاریخ 17 اپریل 2026 کو میرے دستخط اور مہر عدالت سے جاری کیا گیا۔ بعدالت جناب سینئر سول جج صاحب کراچی ساؤ
نمبر1
بعدالت جناب سینئر سول جج صاحب کراچی ساؤتھ مقدمہ نمبر سال 2026 بنام مدعا علیہ ہرگاہ کہ مدعی نے آپ کے خلاف دعویٰ دائر کیا ہے لہٰذا آپ کو بذریعہ اشتہار ہذا مطلع کیا جاتا ہے کہ آپ بتاریخ مقررہ بوقت 8:30 بجے صبح حاضر عدالت ہو کر جوابدعویٰ داخل کریں بصورت دیگر کارروائی یکطرفہ عمل میں لائی جائے گی آج بتاریخ 17 اپریل 2026 کو میرے دستخط اور مہر عدالت سے جاری کیا گیا۔ بعدالت جناب سینئر سول جج صاحب کراچی ساؤتھ مقدمہ نمبر سال 2026 بنام مدعا علیہ ہرگاہ کہ مدعی نے آپ کے خلاف دعویٰ دائر کیا ہے لہٰذا آپ کو بذریعہ اشتہار ہذا مطلع کیا جاتا ہے کہ آپ بتاریخ مقررہ بوقت 8:30 بجے صبح حاضر عدالت ہو کر جوابدعویٰ داخل کریں بصورت دیگر کارروائی یکطرفہ عمل میں لائی جائے گی آج بتاریخ 17 اپریل 2026 کو میرے دستخط اور مہر عدالت سے جاری کیا گیا۔ بعدالت جناب سینئر سول جج صاحب کراچی ساؤتھ مقدمہ نمبر سال 2026 بنام مدعا علیہ ہرگاہ کہ مدعی نے آپ کے خلاف دعویٰ دائر کیا ہے لہٰذا آپ کو بذریعہ اشتہار ہذا مطلع کیا جاتا ہے کہ آپ بتاریخ مقررہ بوقت 8:30 بجے صبح حاضر عدالت ہو کر جوابدعویٰ داخل کریں بصورت دیگر کارروائی یکطرفہ عمل میں لائی جائے گی آج بتاریخ 17 اپریل 2026 کو میرے دستخط اور مہر عدالت سے جاری کیا گیا۔ بعدالت جناب سینئر سول جج صاحب کراچی ساؤتھ مقدمہ نمبر سال 2026 بنام مدعا علیہ ہرگاہ کہ مدعی نے آپ کے خلاف دعویٰ دائر کیا ہے لہٰذا آپ کو بذریعہ اشتہار ہذا مطلع کیا جاتا ہے کہ آپ بتاریخ مقررہ بوقت 8:30 بجے صبح حاضر عدالت ہ
نمبر2
بعدالت جناب سینئر سول جج صاحب کراچی ساؤتھ مقدمہ نمبر سال 2026 بنام مدعا علیہ ہرگاہ کہ مدعی نے آپ کے خلاف دعویٰ دائر کیا ہے لہٰذا آپ کو بذریعہ اشتہار ہذا مطلع کیا جاتا ہے کہ آپ بتاریخ مقررہ بوقت 8:30 بجے صبح حاضر عدالت ہو کر جوابدعویٰ داخل کریں بصورت دیگر کارروائی یکطرفہ عمل میں لائی جائے گی آج بتاریخ 17 اپریل 2026 کو میرے دستخط اور مہر عدالت سے جاری کیا گیا۔ بعدالت جناب سینئر سول جج صاحب کراچی ساؤتھ مقدمہ نمبر سال 2026 بنام مدعا علیہ ہرگاہ کہ مدعی نے آپ کے خلاف دعویٰ دائر کیا ہے لہٰذا آپ کو بذریعہ اشتہار ہذا مطلع کیا جاتا ہے کہ آپ بتاریخ مقررہ بوقت 8:30 بجے صبح حاضر عدالت ہو کر جوابدعویٰ داخل کریں بصورت دیگر کارروائی یکطرفہ عمل میں لائی جائے گی آج بتاریخ 17 اپریل 2026 کو میرے دستخط اور مہر عدالت سے جاری کیا گیا۔ بعدالت جناب سینئر سول جج صاحب کراچی ساؤتھ مقدمہ نمبر سال 2026 بنام مدعا علیہ ہرگاہ کہ مدعی نے آپ کے خلاف دعویٰ دائر کیا ہے لہٰذا آپ کو بذریعہ اشتہار ہذا مطلع کیا جاتا ہے کہ آپ بتاریخ مقررہ بوقت 8:30 بجے صبح حاضر عدالت ہو کر جوابدعویٰ داخل کریں بصورت دیگر کارروائی یکطرفہ عمل میں لائی جائے گی آج بتاریخ 17 اپریل 2026 کو میرے دستخط اور مہر عدالت سے جاری کیا گیا۔ بعدالت جناب سینئر سول جج صاحب کراچی ساؤتھ مقدمہ نمبر سال 2026 بنام مدعا علیہ ہرگاہ کہ مدعی نے آپ کے خلاف دعویٰ دائر کیا ہے لہٰذا آپ کو بذریعہ اشتہار ہذا مطلع کیا جاتا ہے کہ آپ بتاریخ مقررہ بوقت 8:30 بجے صبح حاضر عدالت ہ
نمبر3
بعدالت جناب سینئر سول جج صاحب کراچی ساؤتھ مقدمہ نمبر سال 2026 بنام مدعا علیہ ہرگاہ کہ مدعی نے آپ کے خلاف دعویٰ دائر کیا ہے لہٰذا آپ کو بذریعہ اشتہار ہذا مطلع کیا جاتا ہے کہ آپ بتاریخ مقررہ بوقت 8:30 بجے صبح حاضر عدالت ہو کر جوابدعویٰ داخل کریں بصورت دیگر کارروائی یکطرفہ عمل میں لائی جائے گی آج بتاریخ 17 اپریل 2026 کو میرے دستخط اور مہر عدالت سے جاری کیا گیا۔ بعدالت جناب سینئر سول جج صاحب کراچی ساؤتھ مقدمہ نمبر سال 2026 بنام مدعا علیہ ہرگاہ کہ مدعی نے آپ کے خلاف دعویٰ دائر کیا ہے لہٰذا آپ کو بذریعہ اشتہار ہذا مطلع کیا جاتا ہے کہ آپ بتاریخ مقررہ بوقت 8:30 بجے صبح حاضر عدالت ہو کر جوابدعویٰ داخل کریں بصورت دیگر کارروائی یکطرفہ عمل میں لائی جائے گی آج بتاریخ 17 اپریل 2026 کو میرے دستخط اور مہر عدالت سے جاری کیا گیا۔ بعدالت جناب سینئر سول جج صاحب کراچی ساؤتھ مقدمہ نمبر سال 2026 بنام مدعا علیہ ہرگاہ کہ مدعی نے آپ کے خلاف دعویٰ دائر کیا ہے لہٰذا آپ کو بذریعہ اشتہار ہذا مطلع کیا جاتا ہے کہ آپ بتاریخ مقررہ بوقت 8:30 بجے صبح حاضر عدالت ہو کر جوابدعویٰ داخل کریں بصورت دیگر کارروائی یکطرفہ عمل میں لائی جائے گی آج بتاریخ 17 اپریل 2026 کو میرے دستخط اور مہر عدالت سے جاری کیا گیا۔ بعدالت جناب سینئر سول جج صاحب کراچی ساؤتھ مقدمہ نمبر سال 2026 بنام مدعا علیہ ہرگاہ کہ مدعی نے آپ کے خلاف دعویٰ دائر کیا ہے لہٰذا آپ کو بذریعہ اشتہار ہذا مطلع کیا جاتا ہے کہ آپ بتاریخ مقررہ بوقت 8:30 بجے صبح حاضر عدالت ہ
نمبر4
بعدالت جناب سینئر سول جج صاحب کراچی ساؤتھ مقدمہ نمبر سال 2026 بنام مدعا علیہ ہرگاہ کہ مدعی نے آپ کے خلاف دعویٰ دائر کیا ہے لہٰذا آپ کو بذریعہ اشتہار ہذا مطلع کیا جاتا ہے کہ آپ بتاریخ مقررہ بوقت 8:30 بجے صبح حاضر عدالت ہو کر جوابدعویٰ داخل کریں بصورت دیگر کارروائی یکطرفہ عمل میں لائی جائے گی آج بتاریخ 17 اپریل 2026 کو میرے دستخط اور مہر عدالت سے جاری کیا گیا۔ بعدالت جناب سینئر سول جج صاحب کراچی ساؤتھ مقدمہ نمبر سال 2026 بنام مدعا علیہ ہرگاہ کہ مدعی نے آپ کے خلاف دعویٰ دائر کیا ہے لہٰذا آپ کو بذریعہ اشتہار ہذا مطلع کیا جاتا ہے کہ آپ بتاریخ مقررہ بوقت 8:30 بجے صبح حاضر عدالت ہو کر جوابدعویٰ داخل کریں بصورت دیگر کارروائی یکطرفہ عمل میں لائی جائے گی آج بتاریخ 17 اپریل 2026 کو میرے دستخط اور مہر عدالت سے جاری کیا گیا۔ بعدالت جناب سینئر سول جج صاحب کراچی ساؤتھ مقدمہ نمبر سال 2026 بنام مدعا علیہ ہرگاہ کہ مدعی نے آپ کے خلاف دعویٰ دائر کیا ہے لہٰذا آپ کو بذریعہ اشتہار ہذا مطلع کیا جاتا ہے کہ آپ بتاریخ مقررہ بوقت 8:30 بجے صبح حاضر عدالت ہو کر جوابدعویٰ داخل کریں بصورت دیگر کارروائی یکطرفہ عمل میں لائی جائے گی آج بتاریخ 17 اپریل 2026 کو میرے دستخط اور مہر عدالت سے جاری کیا گیا۔ بعدالت جناب سینئر سول جج صاحب کراچی ساؤتھ مقدمہ نمبر سال 2026 بنام مدعا علیہ ہرگاہ کہ مدعی نے آپ کے خلاف دعویٰ دائر کیا ہے لہٰذا آپ کو بذریعہ اشتہار ہذا مطلع کیا جاتا ہے کہ آپ بتاریخ مقررہ بوقت 8:30 بجے صبح حاضر عدالت ہ
نمبر5
بعدالت جناب سینئر سول جج صاحب کراچی ساؤتھ مقدمہ نمبر سال 2026 بنام مدعا علیہ ہرگاہ کہ مدعی نے آپ کے خلاف دعویٰ دائر کیا ہے لہٰذا آپ کو بذریعہ اشتہار ہذا مطلع کیا جاتا ہے کہ آپ بتاریخ مقررہ بوقت 8:30 بجے صبح حاضر عدالت ہو کر جوابدعویٰ داخل کریں بصورت دیگر کارروائی یکطرفہ عمل میں لائی جائے گی آج بتاریخ 17 اپریل 2026 کو میرے دستخط اور مہر عدالت سے جاری کیا گیا۔ بعدالت جناب سینئر سول جج صاحب کراچی ساؤتھ مقدمہ نمبر سال 2026 بنام مدعا علیہ ہرگاہ کہ مدعی نے آپ کے خلاف دعویٰ دائر کیا ہے لہٰذا آپ کو بذریعہ اشتہار ہذا مطلع کیا جاتا ہے کہ آپ بتاریخ مقررہ بوقت 8:30 بجے صبح حاضر عدالت ہو کر جوابدعویٰ داخل کریں بصورت دیگر کارروائی یکطرفہ عمل میں لائی جائے گی آج بتاریخ 17 اپریل 2026 کو میرے دستخط اور مہر عدالت سے جاری کیا گیا۔ بعدالت جناب سینئر سول جج صاحب کراچی ساؤتھ مقدمہ نمبر سال 2026 بنام مدعا علیہ ہرگاہ کہ مدعی نے آپ کے خلاف دعویٰ دائر کیا ہے لہٰذا آپ کو بذریعہ اشتہار ہذا مطلع کیا جاتا ہے کہ آپ بتاریخ مقررہ بوقت 8:30 بجے صبح حاضر عدالت ہو کر جوابدعویٰ داخل کریں بصورت دیگر کارروائی یکطرفہ عمل میں لائی جائے گی آج بتاریخ 17 اپریل 2026 کو میرے دستخط اور مہر عدالت سے جاری کیا گیا۔ بعدالت جناب سینئر سول جج صاحب کراچی ساؤتھ مقدمہ نمبر سال 2026 بنام مدعا علیہ ہرگاہ کہ مدعی نے آپ کے خلاف دعویٰ دائر کیا ہے لہٰذا آپ کو بذریعہ اشتہار ہذا مطلع کیا جاتا ہے کہ آپ بتاریخ مقررہ بوقت 8:30 بجے صبح حاضر عدالت ہ
نمبر6
بعدالت جناب سینئر سول جج صاحب کراچی ساؤتھ مقدمہ نمبر سال 2026 بنام مدعا علیہ ہرگاہ کہ مدعی نے آپ کے خلاف دعویٰ دائر کیا ہے لہٰذا آپ کو بذریعہ اشتہار ہذا مطلع کیا جاتا ہے کہ آپ بتاریخ مقررہ بوقت 8:30 بجے صبح حاضر عدالت ہو کر جوابدعویٰ داخل کریں بصورت دیگر کارروائی یکطرفہ عمل میں لائی جائے گی آج بتاریخ 17 اپریل 2026 کو میرے دستخط اور مہر عدالت سے جاری کیا گیا۔ بعدالت جناب سینئر سول جج صاحب کراچی ساؤتھ مقدمہ نمبر سال 2026 بنام مدعا علیہ ہرگاہ کہ مدعی نے آپ کے خلاف دعویٰ دائر کیا ہے لہٰذا آپ کو بذریعہ اشتہار ہذا مطلع کیا جاتا ہے کہ آپ بتاریخ مقررہ بوقت 8:30 بجے صبح حاضر عدالت ہو کر جوابدعویٰ داخل کریں بصورت دیگر کارروائی یکطرفہ عمل میں لائی جائے گی آج بتاریخ 17 اپریل 2026 کو میرے دستخط اور مہر عدالت سے جاری کیا گیا۔ بعدالت جناب سینئر سول جج صاحب کراچی ساؤتھ مقدمہ نمبر سال 2026 بنام مدعا علیہ ہرگاہ کہ مدعی نے آپ کے خلاف دعویٰ دائر کیا ہے لہٰذا آپ کو بذریعہ اشتہار ہذا مطلع کیا جاتا ہے کہ آپ بتاریخ مقررہ بوقت 8:30 بجے صبح حاضر عدالت ہو کر جوابدعویٰ داخل کریں بصورت دیگر کارروائی یکطرفہ عمل میں لائی جائے گی آج بتاریخ 17 اپریل 2026 کو میرے دستخط اور مہر عدالت سے جاری کیا گیا۔ بعدالت جناب سینئر سول جج صاحب کراچی ساؤتھ مقدمہ نمبر سال 2026 بنام مدعا علیہ ہرگاہ کہ مدعی نے آپ کے خلاف دعویٰ دائر کیا ہے لہٰذا آپ کو بذریعہ اشتہار ہذا مطلع کیا جاتا ہے کہ آپ بتاریخ مقررہ بوقت 8:30 بجے صبح حاضر عدالت ہ
